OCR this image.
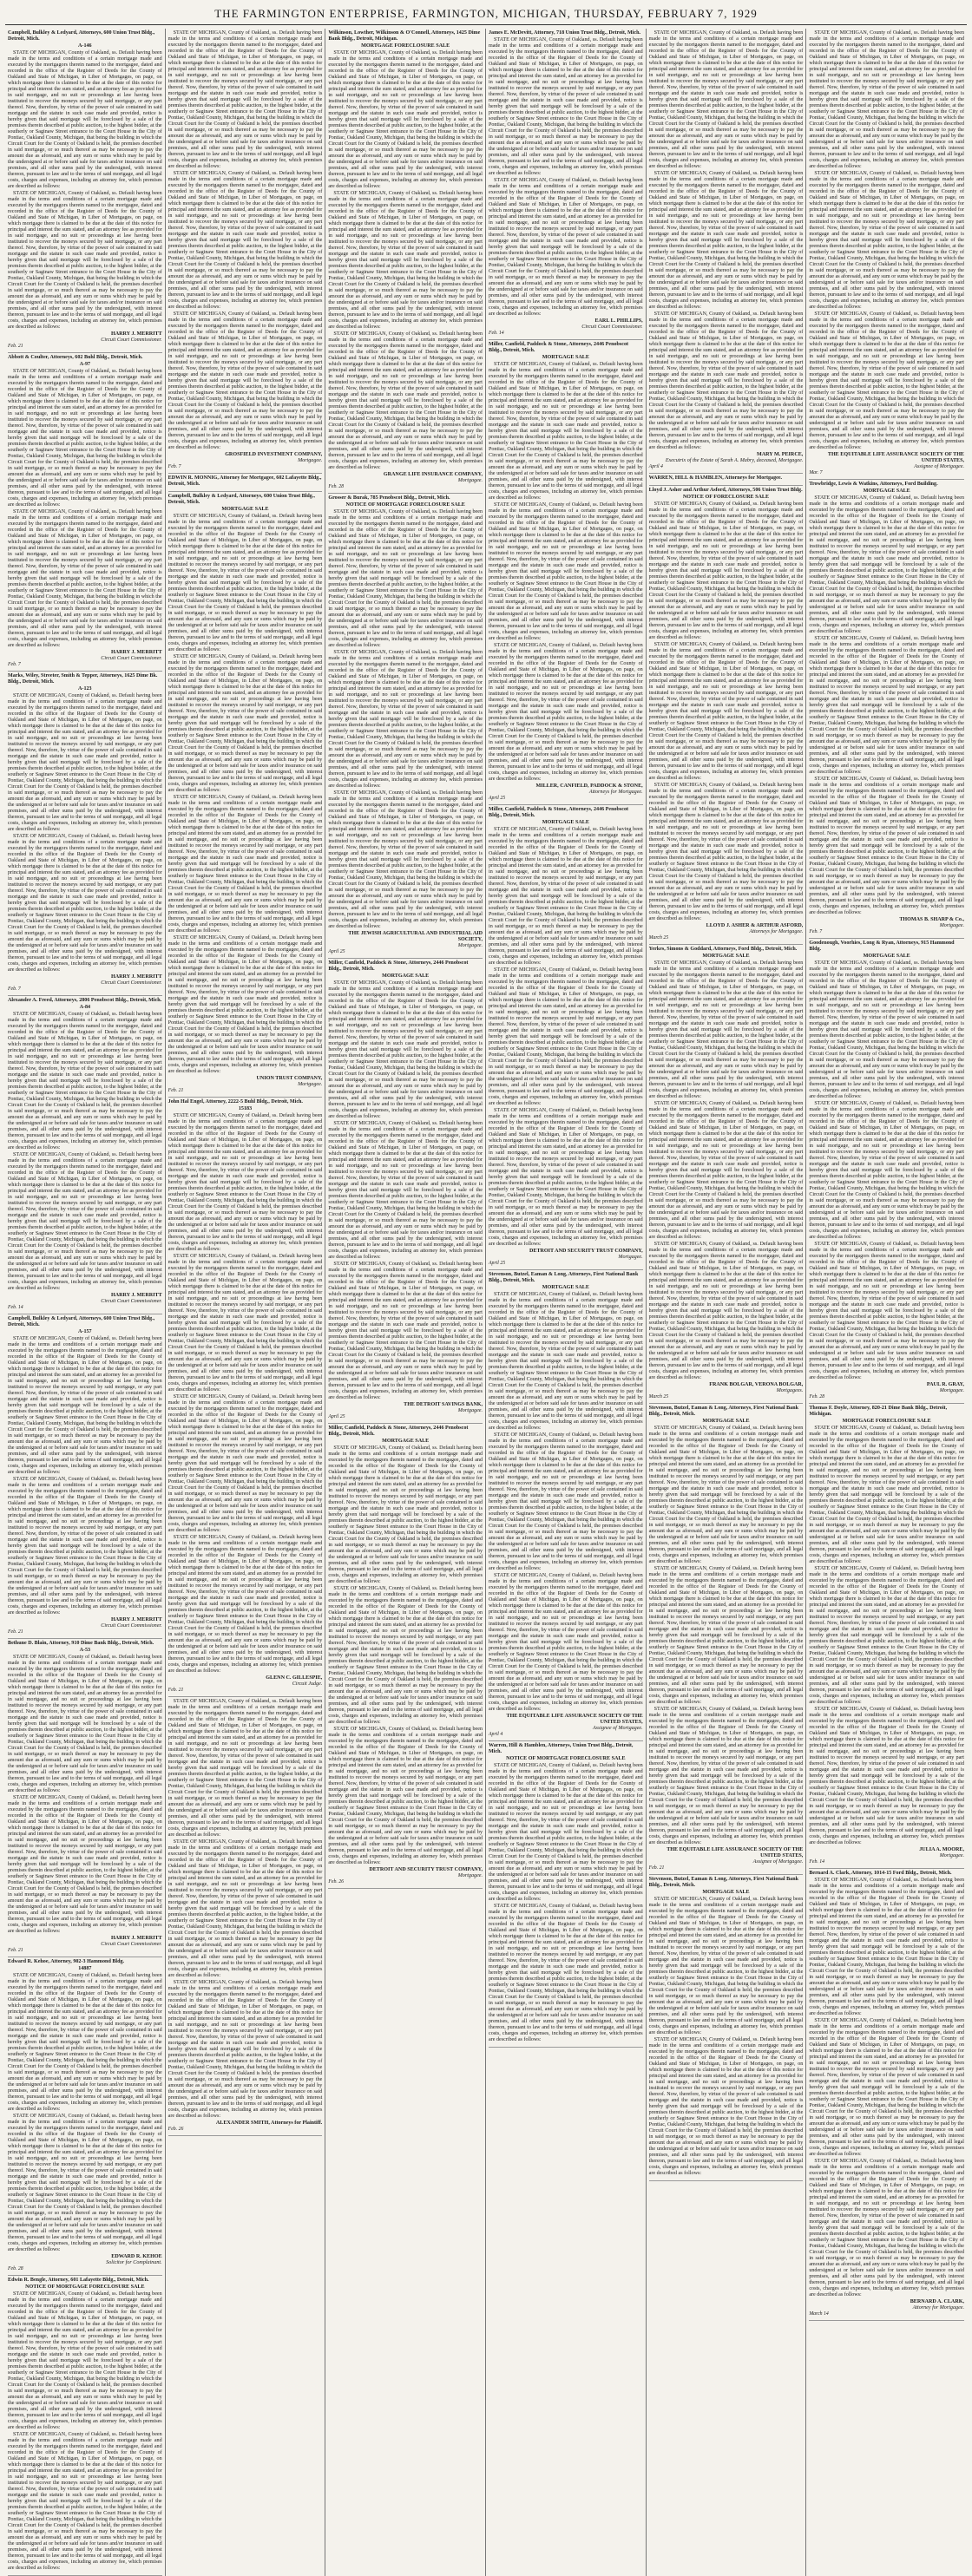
THE FARMINGTON ENTERPRISE, FARMINGTON, MICHIGAN, THURSDAY, FEBRUARY 7, 1929
Campbell, Bulkley & Ledyard, Attorneys, 600 Union Trust Bldg., Detroit, Mich.
A-146

STATE OF MICHIGAN, County of Oakland, ss. Default having been made in the terms and conditions of a certain mortgage made and executed by the mortgagors therein named to the mortgagee, dated and recorded in the office of the Register of Deeds for the County of Oakland and State of Michigan, in Liber of Mortgages, on page, on which mortgage there is claimed to be due at the date of this notice for principal and interest the sum stated, and an attorney fee as provided for in said mortgage, and no suit or proceedings at law having been instituted to recover the moneys secured by said mortgage, or any part thereof. Now, therefore, by virtue of the power of sale contained in said mortgage and the statute in such case made and provided, notice is hereby given that said mortgage will be foreclosed by a sale of the premises therein described at public auction, to the highest bidder, at the southerly or Saginaw Street entrance to the Court House in the City of Pontiac, Oakland County, Michigan, that being the building in which the Circuit Court for the County of Oakland is held, the premises described in said mortgage, or so much thereof as may be necessary to pay the amount due as aforesaid, and any sum or sums which may be paid by the undersigned at or before said sale for taxes and/or insurance on said premises, and all other sums paid by the undersigned, with interest thereon, pursuant to law and to the terms of said mortgage, and all legal costs, charges and expenses, including an attorney fee, which premises are described as follows:

STATE OF MICHIGAN, County of Oakland, ss. Default having been made in the terms and conditions of a certain mortgage made and executed by the mortgagors therein named to the mortgagee, dated and recorded in the office of the Register of Deeds for the County of Oakland and State of Michigan, in Liber of Mortgages, on page, on which mortgage there is claimed to be due at the date of this notice for principal and interest the sum stated, and an attorney fee as provided for in said mortgage, and no suit or proceedings at law having been instituted to recover the moneys secured by said mortgage, or any part thereof. Now, therefore, by virtue of the power of sale contained in said mortgage and the statute in such case made and provided, notice is hereby given that said mortgage will be foreclosed by a sale of the premises therein described at public auction, to the highest bidder, at the southerly or Saginaw Street entrance to the Court House in the City of Pontiac, Oakland County, Michigan, that being the building in which the Circuit Court for the County of Oakland is held, the premises described in said mortgage, or so much thereof as may be necessary to pay the amount due as aforesaid, and any sum or sums which may be paid by the undersigned at or before said sale for taxes and/or insurance on said premises, and all other sums paid by the undersigned, with interest thereon, pursuant to law and to the terms of said mortgage, and all legal costs, charges and expenses, including an attorney fee, which premises are described as follows:

HARRY J. MERRITT
Circuit Court Commissioner.
Feb. 21
Abbott & Coulter, Attorneys, 602 Buhl Bldg., Detroit, Mich.
A-97

STATE OF MICHIGAN, County of Oakland, ss. Default having been made in the terms and conditions of a certain mortgage made and executed by the mortgagors therein named to the mortgagee, dated and recorded in the office of the Register of Deeds for the County of Oakland and State of Michigan, in Liber of Mortgages, on page, on which mortgage there is claimed to be due at the date of this notice for principal and interest the sum stated, and an attorney fee as provided for in said mortgage, and no suit or proceedings at law having been instituted to recover the moneys secured by said mortgage, or any part thereof. Now, therefore, by virtue of the power of sale contained in said mortgage and the statute in such case made and provided, notice is hereby given that said mortgage will be foreclosed by a sale of the premises therein described at public auction, to the highest bidder, at the southerly or Saginaw Street entrance to the Court House in the City of Pontiac, Oakland County, Michigan, that being the building in which the Circuit Court for the County of Oakland is held, the premises described in said mortgage, or so much thereof as may be necessary to pay the amount due as aforesaid, and any sum or sums which may be paid by the undersigned at or before said sale for taxes and/or insurance on said premises, and all other sums paid by the undersigned, with interest thereon, pursuant to law and to the terms of said mortgage, and all legal costs, charges and expenses, including an attorney fee, which premises are described as follows:

STATE OF MICHIGAN, County of Oakland, ss. Default having been made in the terms and conditions of a certain mortgage made and executed by the mortgagors therein named to the mortgagee, dated and recorded in the office of the Register of Deeds for the County of Oakland and State of Michigan, in Liber of Mortgages, on page, on which mortgage there is claimed to be due at the date of this notice for principal and interest the sum stated, and an attorney fee as provided for in said mortgage, and no suit or proceedings at law having been instituted to recover the moneys secured by said mortgage, or any part thereof. Now, therefore, by virtue of the power of sale contained in said mortgage and the statute in such case made and provided, notice is hereby given that said mortgage will be foreclosed by a sale of the premises therein described at public auction, to the highest bidder, at the southerly or Saginaw Street entrance to the Court House in the City of Pontiac, Oakland County, Michigan, that being the building in which the Circuit Court for the County of Oakland is held, the premises described in said mortgage, or so much thereof as may be necessary to pay the amount due as aforesaid, and any sum or sums which may be paid by the undersigned at or before said sale for taxes and/or insurance on said premises, and all other sums paid by the undersigned, with interest thereon, pursuant to law and to the terms of said mortgage, and all legal costs, charges and expenses, including an attorney fee, which premises are described as follows:

HARRY J. MERRITT
Circuit Court Commissioner.
Feb. 7
Marks, Wiley, Streeter, Smith & Tepper, Attorneys, 1625 Dime Bk. Bldg., Detroit, Mich.
A-123

STATE OF MICHIGAN, County of Oakland, ss. Default having been made in the terms and conditions of a certain mortgage made and executed by the mortgagors therein named to the mortgagee, dated and recorded in the office of the Register of Deeds for the County of Oakland and State of Michigan, in Liber of Mortgages, on page, on which mortgage there is claimed to be due at the date of this notice for principal and interest the sum stated, and an attorney fee as provided for in said mortgage, and no suit or proceedings at law having been instituted to recover the moneys secured by said mortgage, or any part thereof. Now, therefore, by virtue of the power of sale contained in said mortgage and the statute in such case made and provided, notice is hereby given that said mortgage will be foreclosed by a sale of the premises therein described at public auction, to the highest bidder, at the southerly or Saginaw Street entrance to the Court House in the City of Pontiac, Oakland County, Michigan, that being the building in which the Circuit Court for the County of Oakland is held, the premises described in said mortgage, or so much thereof as may be necessary to pay the amount due as aforesaid, and any sum or sums which may be paid by the undersigned at or before said sale for taxes and/or insurance on said premises, and all other sums paid by the undersigned, with interest thereon, pursuant to law and to the terms of said mortgage, and all legal costs, charges and expenses, including an attorney fee, which premises are described as follows:

STATE OF MICHIGAN, County of Oakland, ss. Default having been made in the terms and conditions of a certain mortgage made and executed by the mortgagors therein named to the mortgagee, dated and recorded in the office of the Register of Deeds for the County of Oakland and State of Michigan, in Liber of Mortgages, on page, on which mortgage there is claimed to be due at the date of this notice for principal and interest the sum stated, and an attorney fee as provided for in said mortgage, and no suit or proceedings at law having been instituted to recover the moneys secured by said mortgage, or any part thereof. Now, therefore, by virtue of the power of sale contained in said mortgage and the statute in such case made and provided, notice is hereby given that said mortgage will be foreclosed by a sale of the premises therein described at public auction, to the highest bidder, at the southerly or Saginaw Street entrance to the Court House in the City of Pontiac, Oakland County, Michigan, that being the building in which the Circuit Court for the County of Oakland is held, the premises described in said mortgage, or so much thereof as may be necessary to pay the amount due as aforesaid, and any sum or sums which may be paid by the undersigned at or before said sale for taxes and/or insurance on said premises, and all other sums paid by the undersigned, with interest thereon, pursuant to law and to the terms of said mortgage, and all legal costs, charges and expenses, including an attorney fee, which premises are described as follows:

HARRY J. MERRITT
Circuit Court Commissioner.
Feb. 7
Alexander A. Freed, Attorneys, 2806 Penobscot Bldg., Detroit, Mich.
A-84

STATE OF MICHIGAN, County of Oakland, ss. Default having been made in the terms and conditions of a certain mortgage made and executed by the mortgagors therein named to the mortgagee, dated and recorded in the office of the Register of Deeds for the County of Oakland and State of Michigan, in Liber of Mortgages, on page, on which mortgage there is claimed to be due at the date of this notice for principal and interest the sum stated, and an attorney fee as provided for in said mortgage, and no suit or proceedings at law having been instituted to recover the moneys secured by said mortgage, or any part thereof. Now, therefore, by virtue of the power of sale contained in said mortgage and the statute in such case made and provided, notice is hereby given that said mortgage will be foreclosed by a sale of the premises therein described at public auction, to the highest bidder, at the southerly or Saginaw Street entrance to the Court House in the City of Pontiac, Oakland County, Michigan, that being the building in which the Circuit Court for the County of Oakland is held, the premises described in said mortgage, or so much thereof as may be necessary to pay the amount due as aforesaid, and any sum or sums which may be paid by the undersigned at or before said sale for taxes and/or insurance on said premises, and all other sums paid by the undersigned, with interest thereon, pursuant to law and to the terms of said mortgage, and all legal costs, charges and expenses, including an attorney fee, which premises are described as follows:

STATE OF MICHIGAN, County of Oakland, ss. Default having been made in the terms and conditions of a certain mortgage made and executed by the mortgagors therein named to the mortgagee, dated and recorded in the office of the Register of Deeds for the County of Oakland and State of Michigan, in Liber of Mortgages, on page, on which mortgage there is claimed to be due at the date of this notice for principal and interest the sum stated, and an attorney fee as provided for in said mortgage, and no suit or proceedings at law having been instituted to recover the moneys secured by said mortgage, or any part thereof. Now, therefore, by virtue of the power of sale contained in said mortgage and the statute in such case made and provided, notice is hereby given that said mortgage will be foreclosed by a sale of the premises therein described at public auction, to the highest bidder, at the southerly or Saginaw Street entrance to the Court House in the City of Pontiac, Oakland County, Michigan, that being the building in which the Circuit Court for the County of Oakland is held, the premises described in said mortgage, or so much thereof as may be necessary to pay the amount due as aforesaid, and any sum or sums which may be paid by the undersigned at or before said sale for taxes and/or insurance on said premises, and all other sums paid by the undersigned, with interest thereon, pursuant to law and to the terms of said mortgage, and all legal costs, charges and expenses, including an attorney fee, which premises are described as follows:

HARRY J. MERRITT
Circuit Court Commissioner.
Feb. 14
Campbell, Bulkley & Ledyard, Attorneys, 600 Union Trust Bldg., Detroit, Mich.
A-157

STATE OF MICHIGAN, County of Oakland, ss. Default having been made in the terms and conditions of a certain mortgage made and executed by the mortgagors therein named to the mortgagee, dated and recorded in the office of the Register of Deeds for the County of Oakland and State of Michigan, in Liber of Mortgages, on page, on which mortgage there is claimed to be due at the date of this notice for principal and interest the sum stated, and an attorney fee as provided for in said mortgage, and no suit or proceedings at law having been instituted to recover the moneys secured by said mortgage, or any part thereof. Now, therefore, by virtue of the power of sale contained in said mortgage and the statute in such case made and provided, notice is hereby given that said mortgage will be foreclosed by a sale of the premises therein described at public auction, to the highest bidder, at the southerly or Saginaw Street entrance to the Court House in the City of Pontiac, Oakland County, Michigan, that being the building in which the Circuit Court for the County of Oakland is held, the premises described in said mortgage, or so much thereof as may be necessary to pay the amount due as aforesaid, and any sum or sums which may be paid by the undersigned at or before said sale for taxes and/or insurance on said premises, and all other sums paid by the undersigned, with interest thereon, pursuant to law and to the terms of said mortgage, and all legal costs, charges and expenses, including an attorney fee, which premises are described as follows:

STATE OF MICHIGAN, County of Oakland, ss. Default having been made in the terms and conditions of a certain mortgage made and executed by the mortgagors therein named to the mortgagee, dated and recorded in the office of the Register of Deeds for the County of Oakland and State of Michigan, in Liber of Mortgages, on page, on which mortgage there is claimed to be due at the date of this notice for principal and interest the sum stated, and an attorney fee as provided for in said mortgage, and no suit or proceedings at law having been instituted to recover the moneys secured by said mortgage, or any part thereof. Now, therefore, by virtue of the power of sale contained in said mortgage and the statute in such case made and provided, notice is hereby given that said mortgage will be foreclosed by a sale of the premises therein described at public auction, to the highest bidder, at the southerly or Saginaw Street entrance to the Court House in the City of Pontiac, Oakland County, Michigan, that being the building in which the Circuit Court for the County of Oakland is held, the premises described in said mortgage, or so much thereof as may be necessary to pay the amount due as aforesaid, and any sum or sums which may be paid by the undersigned at or before said sale for taxes and/or insurance on said premises, and all other sums paid by the undersigned, with interest thereon, pursuant to law and to the terms of said mortgage, and all legal costs, charges and expenses, including an attorney fee, which premises are described as follows:

HARRY J. MERRITT
Circuit Court Commissioner.
Feb. 21
Bethune D. Blain, Attorney, 910 Dime Bank Bldg., Detroit, Mich.
A-53

STATE OF MICHIGAN, County of Oakland, ss. Default having been made in the terms and conditions of a certain mortgage made and executed by the mortgagors therein named to the mortgagee, dated and recorded in the office of the Register of Deeds for the County of Oakland and State of Michigan, in Liber of Mortgages, on page, on which mortgage there is claimed to be due at the date of this notice for principal and interest the sum stated, and an attorney fee as provided for in said mortgage, and no suit or proceedings at law having been instituted to recover the moneys secured by said mortgage, or any part thereof. Now, therefore, by virtue of the power of sale contained in said mortgage and the statute in such case made and provided, notice is hereby given that said mortgage will be foreclosed by a sale of the premises therein described at public auction, to the highest bidder, at the southerly or Saginaw Street entrance to the Court House in the City of Pontiac, Oakland County, Michigan, that being the building in which the Circuit Court for the County of Oakland is held, the premises described in said mortgage, or so much thereof as may be necessary to pay the amount due as aforesaid, and any sum or sums which may be paid by the undersigned at or before said sale for taxes and/or insurance on said premises, and all other sums paid by the undersigned, with interest thereon, pursuant to law and to the terms of said mortgage, and all legal costs, charges and expenses, including an attorney fee, which premises are described as follows:

STATE OF MICHIGAN, County of Oakland, ss. Default having been made in the terms and conditions of a certain mortgage made and executed by the mortgagors therein named to the mortgagee, dated and recorded in the office of the Register of Deeds for the County of Oakland and State of Michigan, in Liber of Mortgages, on page, on which mortgage there is claimed to be due at the date of this notice for principal and interest the sum stated, and an attorney fee as provided for in said mortgage, and no suit or proceedings at law having been instituted to recover the moneys secured by said mortgage, or any part thereof. Now, therefore, by virtue of the power of sale contained in said mortgage and the statute in such case made and provided, notice is hereby given that said mortgage will be foreclosed by a sale of the premises therein described at public auction, to the highest bidder, at the southerly or Saginaw Street entrance to the Court House in the City of Pontiac, Oakland County, Michigan, that being the building in which the Circuit Court for the County of Oakland is held, the premises described in said mortgage, or so much thereof as may be necessary to pay the amount due as aforesaid, and any sum or sums which may be paid by the undersigned at or before said sale for taxes and/or insurance on said premises, and all other sums paid by the undersigned, with interest thereon, pursuant to law and to the terms of said mortgage, and all legal costs, charges and expenses, including an attorney fee, which premises are described as follows:

HARRY J. MERRITT
Circuit Court Commissioner.
Feb. 21
Edward R. Kehoe, Attorney, 902-3 Hammond Bldg.
14887

STATE OF MICHIGAN, County of Oakland, ss. Default having been made in the terms and conditions of a certain mortgage made and executed by the mortgagors therein named to the mortgagee, dated and recorded in the office of the Register of Deeds for the County of Oakland and State of Michigan, in Liber of Mortgages, on page, on which mortgage there is claimed to be due at the date of this notice for principal and interest the sum stated, and an attorney fee as provided for in said mortgage, and no suit or proceedings at law having been instituted to recover the moneys secured by said mortgage, or any part thereof. Now, therefore, by virtue of the power of sale contained in said mortgage and the statute in such case made and provided, notice is hereby given that said mortgage will be foreclosed by a sale of the premises therein described at public auction, to the highest bidder, at the southerly or Saginaw Street entrance to the Court House in the City of Pontiac, Oakland County, Michigan, that being the building in which the Circuit Court for the County of Oakland is held, the premises described in said mortgage, or so much thereof as may be necessary to pay the amount due as aforesaid, and any sum or sums which may be paid by the undersigned at or before said sale for taxes and/or insurance on said premises, and all other sums paid by the undersigned, with interest thereon, pursuant to law and to the terms of said mortgage, and all legal costs, charges and expenses, including an attorney fee, which premises are described as follows:

STATE OF MICHIGAN, County of Oakland, ss. Default having been made in the terms and conditions of a certain mortgage made and executed by the mortgagors therein named to the mortgagee, dated and recorded in the office of the Register of Deeds for the County of Oakland and State of Michigan, in Liber of Mortgages, on page, on which mortgage there is claimed to be due at the date of this notice for principal and interest the sum stated, and an attorney fee as provided for in said mortgage, and no suit or proceedings at law having been instituted to recover the moneys secured by said mortgage, or any part thereof. Now, therefore, by virtue of the power of sale contained in said mortgage and the statute in such case made and provided, notice is hereby given that said mortgage will be foreclosed by a sale of the premises therein described at public auction, to the highest bidder, at the southerly or Saginaw Street entrance to the Court House in the City of Pontiac, Oakland County, Michigan, that being the building in which the Circuit Court for the County of Oakland is held, the premises described in said mortgage, or so much thereof as may be necessary to pay the amount due as aforesaid, and any sum or sums which may be paid by the undersigned at or before said sale for taxes and/or insurance on said premises, and all other sums paid by the undersigned, with interest thereon, pursuant to law and to the terms of said mortgage, and all legal costs, charges and expenses, including an attorney fee, which premises are described as follows:

EDWARD R. KEHOE
Solicitor for Complainant.
Feb. 28
Edwin R. Bengle, Attorney, 601 Lafayette Bldg., Detroit, Mich.
NOTICE OF MORTGAGE FORECLOSURE SALE

STATE OF MICHIGAN, County of Oakland, ss. Default having been made in the terms and conditions of a certain mortgage made and executed by the mortgagors therein named to the mortgagee, dated and recorded in the office of the Register of Deeds for the County of Oakland and State of Michigan, in Liber of Mortgages, on page, on which mortgage there is claimed to be due at the date of this notice for principal and interest the sum stated, and an attorney fee as provided for in said mortgage, and no suit or proceedings at law having been instituted to recover the moneys secured by said mortgage, or any part thereof. Now, therefore, by virtue of the power of sale contained in said mortgage and the statute in such case made and provided, notice is hereby given that said mortgage will be foreclosed by a sale of the premises therein described at public auction, to the highest bidder, at the southerly or Saginaw Street entrance to the Court House in the City of Pontiac, Oakland County, Michigan, that being the building in which the Circuit Court for the County of Oakland is held, the premises described in said mortgage, or so much thereof as may be necessary to pay the amount due as aforesaid, and any sum or sums which may be paid by the undersigned at or before said sale for taxes and/or insurance on said premises, and all other sums paid by the undersigned, with interest thereon, pursuant to law and to the terms of said mortgage, and all legal costs, charges and expenses, including an attorney fee, which premises are described as follows:

STATE OF MICHIGAN, County of Oakland, ss. Default having been made in the terms and conditions of a certain mortgage made and executed by the mortgagors therein named to the mortgagee, dated and recorded in the office of the Register of Deeds for the County of Oakland and State of Michigan, in Liber of Mortgages, on page, on which mortgage there is claimed to be due at the date of this notice for principal and interest the sum stated, and an attorney fee as provided for in said mortgage, and no suit or proceedings at law having been instituted to recover the moneys secured by said mortgage, or any part thereof. Now, therefore, by virtue of the power of sale contained in said mortgage and the statute in such case made and provided, notice is hereby given that said mortgage will be foreclosed by a sale of the premises therein described at public auction, to the highest bidder, at the southerly or Saginaw Street entrance to the Court House in the City of Pontiac, Oakland County, Michigan, that being the building in which the Circuit Court for the County of Oakland is held, the premises described in said mortgage, or so much thereof as may be necessary to pay the amount due as aforesaid, and any sum or sums which may be paid by the undersigned at or before said sale for taxes and/or insurance on said premises, and all other sums paid by the undersigned, with interest thereon, pursuant to law and to the terms of said mortgage, and all legal costs, charges and expenses, including an attorney fee, which premises are described as follows:

STATE OF MICHIGAN, County of Oakland, ss. Default having been made in the terms and conditions of a certain mortgage made and executed by the mortgagors therein named to the mortgagee, dated and recorded in the office of the Register of Deeds for the County of Oakland and State of Michigan, in Liber of Mortgages, on page, on which mortgage there is claimed to be due at the date of this notice for principal and interest the sum stated, and an attorney fee as provided for in said mortgage, and no suit or proceedings at law having been instituted to recover the moneys secured by said mortgage, or any part thereof. Now, therefore, by virtue of the power of sale contained in said mortgage and the statute in such case made and provided, notice is hereby given that said mortgage will be foreclosed by a sale of the premises therein described at public auction, to the highest bidder, at the southerly or Saginaw Street entrance to the Court House in the City of Pontiac, Oakland County, Michigan, that being the building in which the Circuit Court for the County of Oakland is held, the premises described in said mortgage, or so much thereof as may be necessary to pay the amount due as aforesaid, and any sum or sums which may be paid by the undersigned at or before said sale for taxes and/or insurance on said premises, and all other sums paid by the undersigned, with interest thereon, pursuant to law and to the terms of said mortgage, and all legal costs, charges and expenses, including an attorney fee, which premises are described as follows:

STATE OF MICHIGAN, County of Oakland, ss. Default having been made in the terms and conditions of a certain mortgage made and executed by the mortgagors therein named to the mortgagee, dated and recorded in the office of the Register of Deeds for the County of Oakland and State of Michigan, in Liber of Mortgages, on page, on which mortgage there is claimed to be due at the date of this notice for principal and interest the sum stated, and an attorney fee as provided for in said mortgage, and no suit or proceedings at law having been instituted to recover the moneys secured by said mortgage, or any part thereof. Now, therefore, by virtue of the power of sale contained in said mortgage and the statute in such case made and provided, notice is hereby given that said mortgage will be foreclosed by a sale of the premises therein described at public auction, to the highest bidder, at the southerly or Saginaw Street entrance to the Court House in the City of Pontiac, Oakland County, Michigan, that being the building in which the Circuit Court for the County of Oakland is held, the premises described in said mortgage, or so much thereof as may be necessary to pay the amount due as aforesaid, and any sum or sums which may be paid by the undersigned at or before said sale for taxes and/or insurance on said premises, and all other sums paid by the undersigned, with interest thereon, pursuant to law and to the terms of said mortgage, and all legal costs, charges and expenses, including an attorney fee, which premises are described as follows:

STATE OF MICHIGAN, County of Oakland, ss. Default having been made in the terms and conditions of a certain mortgage made and executed by the mortgagors therein named to the mortgagee, dated and recorded in the office of the Register of Deeds for the County of Oakland and State of Michigan, in Liber of Mortgages, on page, on which mortgage there is claimed to be due at the date of this notice for principal and interest the sum stated, and an attorney fee as provided for in said mortgage, and no suit or proceedings at law having been instituted to recover the moneys secured by said mortgage, or any part thereof. Now, therefore, by virtue of the power of sale contained in said mortgage and the statute in such case made and provided, notice is hereby given that said mortgage will be foreclosed by a sale of the premises therein described at public auction, to the highest bidder, at the southerly or Saginaw Street entrance to the Court House in the City of Pontiac, Oakland County, Michigan, that being the building in which the Circuit Court for the County of Oakland is held, the premises described in said mortgage, or so much thereof as may be necessary to pay the amount due as aforesaid, and any sum or sums which may be paid by the undersigned at or before said sale for taxes and/or insurance on said premises, and all other sums paid by the undersigned, with interest thereon, pursuant to law and to the terms of said mortgage, and all legal costs, charges and expenses, including an attorney fee, which premises are described as follows:

GROSFIELD INVESTMENT COMPANY,
Mortgagee.
Feb. 7
EDWIN R. MONNIG, Attorney for Mortgagee, 602 Lafayette Bldg., Detroit, Mich.
Campbell, Bulkley & Ledyard, Attorneys, 600 Union Trust Bldg., Detroit, Mich.
MORTGAGE SALE

STATE OF MICHIGAN, County of Oakland, ss. Default having been made in the terms and conditions of a certain mortgage made and executed by the mortgagors therein named to the mortgagee, dated and recorded in the office of the Register of Deeds for the County of Oakland and State of Michigan, in Liber of Mortgages, on page, on which mortgage there is claimed to be due at the date of this notice for principal and interest the sum stated, and an attorney fee as provided for in said mortgage, and no suit or proceedings at law having been instituted to recover the moneys secured by said mortgage, or any part thereof. Now, therefore, by virtue of the power of sale contained in said mortgage and the statute in such case made and provided, notice is hereby given that said mortgage will be foreclosed by a sale of the premises therein described at public auction, to the highest bidder, at the southerly or Saginaw Street entrance to the Court House in the City of Pontiac, Oakland County, Michigan, that being the building in which the Circuit Court for the County of Oakland is held, the premises described in said mortgage, or so much thereof as may be necessary to pay the amount due as aforesaid, and any sum or sums which may be paid by the undersigned at or before said sale for taxes and/or insurance on said premises, and all other sums paid by the undersigned, with interest thereon, pursuant to law and to the terms of said mortgage, and all legal costs, charges and expenses, including an attorney fee, which premises are described as follows:

STATE OF MICHIGAN, County of Oakland, ss. Default having been made in the terms and conditions of a certain mortgage made and executed by the mortgagors therein named to the mortgagee, dated and recorded in the office of the Register of Deeds for the County of Oakland and State of Michigan, in Liber of Mortgages, on page, on which mortgage there is claimed to be due at the date of this notice for principal and interest the sum stated, and an attorney fee as provided for in said mortgage, and no suit or proceedings at law having been instituted to recover the moneys secured by said mortgage, or any part thereof. Now, therefore, by virtue of the power of sale contained in said mortgage and the statute in such case made and provided, notice is hereby given that said mortgage will be foreclosed by a sale of the premises therein described at public auction, to the highest bidder, at the southerly or Saginaw Street entrance to the Court House in the City of Pontiac, Oakland County, Michigan, that being the building in which the Circuit Court for the County of Oakland is held, the premises described in said mortgage, or so much thereof as may be necessary to pay the amount due as aforesaid, and any sum or sums which may be paid by the undersigned at or before said sale for taxes and/or insurance on said premises, and all other sums paid by the undersigned, with interest thereon, pursuant to law and to the terms of said mortgage, and all legal costs, charges and expenses, including an attorney fee, which premises are described as follows:

STATE OF MICHIGAN, County of Oakland, ss. Default having been made in the terms and conditions of a certain mortgage made and executed by the mortgagors therein named to the mortgagee, dated and recorded in the office of the Register of Deeds for the County of Oakland and State of Michigan, in Liber of Mortgages, on page, on which mortgage there is claimed to be due at the date of this notice for principal and interest the sum stated, and an attorney fee as provided for in said mortgage, and no suit or proceedings at law having been instituted to recover the moneys secured by said mortgage, or any part thereof. Now, therefore, by virtue of the power of sale contained in said mortgage and the statute in such case made and provided, notice is hereby given that said mortgage will be foreclosed by a sale of the premises therein described at public auction, to the highest bidder, at the southerly or Saginaw Street entrance to the Court House in the City of Pontiac, Oakland County, Michigan, that being the building in which the Circuit Court for the County of Oakland is held, the premises described in said mortgage, or so much thereof as may be necessary to pay the amount due as aforesaid, and any sum or sums which may be paid by the undersigned at or before said sale for taxes and/or insurance on said premises, and all other sums paid by the undersigned, with interest thereon, pursuant to law and to the terms of said mortgage, and all legal costs, charges and expenses, including an attorney fee, which premises are described as follows:

STATE OF MICHIGAN, County of Oakland, ss. Default having been made in the terms and conditions of a certain mortgage made and executed by the mortgagors therein named to the mortgagee, dated and recorded in the office of the Register of Deeds for the County of Oakland and State of Michigan, in Liber of Mortgages, on page, on which mortgage there is claimed to be due at the date of this notice for principal and interest the sum stated, and an attorney fee as provided for in said mortgage, and no suit or proceedings at law having been instituted to recover the moneys secured by said mortgage, or any part thereof. Now, therefore, by virtue of the power of sale contained in said mortgage and the statute in such case made and provided, notice is hereby given that said mortgage will be foreclosed by a sale of the premises therein described at public auction, to the highest bidder, at the southerly or Saginaw Street entrance to the Court House in the City of Pontiac, Oakland County, Michigan, that being the building in which the Circuit Court for the County of Oakland is held, the premises described in said mortgage, or so much thereof as may be necessary to pay the amount due as aforesaid, and any sum or sums which may be paid by the undersigned at or before said sale for taxes and/or insurance on said premises, and all other sums paid by the undersigned, with interest thereon, pursuant to law and to the terms of said mortgage, and all legal costs, charges and expenses, including an attorney fee, which premises are described as follows:

UNION TRUST COMPANY,
Mortgagee.
Feb. 21
John Hal Engel, Attorney, 2222-5 Buhl Bldg., Detroit, Mich.
15183

STATE OF MICHIGAN, County of Oakland, ss. Default having been made in the terms and conditions of a certain mortgage made and executed by the mortgagors therein named to the mortgagee, dated and recorded in the office of the Register of Deeds for the County of Oakland and State of Michigan, in Liber of Mortgages, on page, on which mortgage there is claimed to be due at the date of this notice for principal and interest the sum stated, and an attorney fee as provided for in said mortgage, and no suit or proceedings at law having been instituted to recover the moneys secured by said mortgage, or any part thereof. Now, therefore, by virtue of the power of sale contained in said mortgage and the statute in such case made and provided, notice is hereby given that said mortgage will be foreclosed by a sale of the premises therein described at public auction, to the highest bidder, at the southerly or Saginaw Street entrance to the Court House in the City of Pontiac, Oakland County, Michigan, that being the building in which the Circuit Court for the County of Oakland is held, the premises described in said mortgage, or so much thereof as may be necessary to pay the amount due as aforesaid, and any sum or sums which may be paid by the undersigned at or before said sale for taxes and/or insurance on said premises, and all other sums paid by the undersigned, with interest thereon, pursuant to law and to the terms of said mortgage, and all legal costs, charges and expenses, including an attorney fee, which premises are described as follows:

STATE OF MICHIGAN, County of Oakland, ss. Default having been made in the terms and conditions of a certain mortgage made and executed by the mortgagors therein named to the mortgagee, dated and recorded in the office of the Register of Deeds for the County of Oakland and State of Michigan, in Liber of Mortgages, on page, on which mortgage there is claimed to be due at the date of this notice for principal and interest the sum stated, and an attorney fee as provided for in said mortgage, and no suit or proceedings at law having been instituted to recover the moneys secured by said mortgage, or any part thereof. Now, therefore, by virtue of the power of sale contained in said mortgage and the statute in such case made and provided, notice is hereby given that said mortgage will be foreclosed by a sale of the premises therein described at public auction, to the highest bidder, at the southerly or Saginaw Street entrance to the Court House in the City of Pontiac, Oakland County, Michigan, that being the building in which the Circuit Court for the County of Oakland is held, the premises described in said mortgage, or so much thereof as may be necessary to pay the amount due as aforesaid, and any sum or sums which may be paid by the undersigned at or before said sale for taxes and/or insurance on said premises, and all other sums paid by the undersigned, with interest thereon, pursuant to law and to the terms of said mortgage, and all legal costs, charges and expenses, including an attorney fee, which premises are described as follows:

STATE OF MICHIGAN, County of Oakland, ss. Default having been made in the terms and conditions of a certain mortgage made and executed by the mortgagors therein named to the mortgagee, dated and recorded in the office of the Register of Deeds for the County of Oakland and State of Michigan, in Liber of Mortgages, on page, on which mortgage there is claimed to be due at the date of this notice for principal and interest the sum stated, and an attorney fee as provided for in said mortgage, and no suit or proceedings at law having been instituted to recover the moneys secured by said mortgage, or any part thereof. Now, therefore, by virtue of the power of sale contained in said mortgage and the statute in such case made and provided, notice is hereby given that said mortgage will be foreclosed by a sale of the premises therein described at public auction, to the highest bidder, at the southerly or Saginaw Street entrance to the Court House in the City of Pontiac, Oakland County, Michigan, that being the building in which the Circuit Court for the County of Oakland is held, the premises described in said mortgage, or so much thereof as may be necessary to pay the amount due as aforesaid, and any sum or sums which may be paid by the undersigned at or before said sale for taxes and/or insurance on said premises, and all other sums paid by the undersigned, with interest thereon, pursuant to law and to the terms of said mortgage, and all legal costs, charges and expenses, including an attorney fee, which premises are described as follows:

STATE OF MICHIGAN, County of Oakland, ss. Default having been made in the terms and conditions of a certain mortgage made and executed by the mortgagors therein named to the mortgagee, dated and recorded in the office of the Register of Deeds for the County of Oakland and State of Michigan, in Liber of Mortgages, on page, on which mortgage there is claimed to be due at the date of this notice for principal and interest the sum stated, and an attorney fee as provided for in said mortgage, and no suit or proceedings at law having been instituted to recover the moneys secured by said mortgage, or any part thereof. Now, therefore, by virtue of the power of sale contained in said mortgage and the statute in such case made and provided, notice is hereby given that said mortgage will be foreclosed by a sale of the premises therein described at public auction, to the highest bidder, at the southerly or Saginaw Street entrance to the Court House in the City of Pontiac, Oakland County, Michigan, that being the building in which the Circuit Court for the County of Oakland is held, the premises described in said mortgage, or so much thereof as may be necessary to pay the amount due as aforesaid, and any sum or sums which may be paid by the undersigned at or before said sale for taxes and/or insurance on said premises, and all other sums paid by the undersigned, with interest thereon, pursuant to law and to the terms of said mortgage, and all legal costs, charges and expenses, including an attorney fee, which premises are described as follows:

GLENN C. GILLESPIE,
Circuit Judge.
Feb. 21

STATE OF MICHIGAN, County of Oakland, ss. Default having been made in the terms and conditions of a certain mortgage made and executed by the mortgagors therein named to the mortgagee, dated and recorded in the office of the Register of Deeds for the County of Oakland and State of Michigan, in Liber of Mortgages, on page, on which mortgage there is claimed to be due at the date of this notice for principal and interest the sum stated, and an attorney fee as provided for in said mortgage, and no suit or proceedings at law having been instituted to recover the moneys secured by said mortgage, or any part thereof. Now, therefore, by virtue of the power of sale contained in said mortgage and the statute in such case made and provided, notice is hereby given that said mortgage will be foreclosed by a sale of the premises therein described at public auction, to the highest bidder, at the southerly or Saginaw Street entrance to the Court House in the City of Pontiac, Oakland County, Michigan, that being the building in which the Circuit Court for the County of Oakland is held, the premises described in said mortgage, or so much thereof as may be necessary to pay the amount due as aforesaid, and any sum or sums which may be paid by the undersigned at or before said sale for taxes and/or insurance on said premises, and all other sums paid by the undersigned, with interest thereon, pursuant to law and to the terms of said mortgage, and all legal costs, charges and expenses, including an attorney fee, which premises are described as follows:

STATE OF MICHIGAN, County of Oakland, ss. Default having been made in the terms and conditions of a certain mortgage made and executed by the mortgagors therein named to the mortgagee, dated and recorded in the office of the Register of Deeds for the County of Oakland and State of Michigan, in Liber of Mortgages, on page, on which mortgage there is claimed to be due at the date of this notice for principal and interest the sum stated, and an attorney fee as provided for in said mortgage, and no suit or proceedings at law having been instituted to recover the moneys secured by said mortgage, or any part thereof. Now, therefore, by virtue of the power of sale contained in said mortgage and the statute in such case made and provided, notice is hereby given that said mortgage will be foreclosed by a sale of the premises therein described at public auction, to the highest bidder, at the southerly or Saginaw Street entrance to the Court House in the City of Pontiac, Oakland County, Michigan, that being the building in which the Circuit Court for the County of Oakland is held, the premises described in said mortgage, or so much thereof as may be necessary to pay the amount due as aforesaid, and any sum or sums which may be paid by the undersigned at or before said sale for taxes and/or insurance on said premises, and all other sums paid by the undersigned, with interest thereon, pursuant to law and to the terms of said mortgage, and all legal costs, charges and expenses, including an attorney fee, which premises are described as follows:

STATE OF MICHIGAN, County of Oakland, ss. Default having been made in the terms and conditions of a certain mortgage made and executed by the mortgagors therein named to the mortgagee, dated and recorded in the office of the Register of Deeds for the County of Oakland and State of Michigan, in Liber of Mortgages, on page, on which mortgage there is claimed to be due at the date of this notice for principal and interest the sum stated, and an attorney fee as provided for in said mortgage, and no suit or proceedings at law having been instituted to recover the moneys secured by said mortgage, or any part thereof. Now, therefore, by virtue of the power of sale contained in said mortgage and the statute in such case made and provided, notice is hereby given that said mortgage will be foreclosed by a sale of the premises therein described at public auction, to the highest bidder, at the southerly or Saginaw Street entrance to the Court House in the City of Pontiac, Oakland County, Michigan, that being the building in which the Circuit Court for the County of Oakland is held, the premises described in said mortgage, or so much thereof as may be necessary to pay the amount due as aforesaid, and any sum or sums which may be paid by the undersigned at or before said sale for taxes and/or insurance on said premises, and all other sums paid by the undersigned, with interest thereon, pursuant to law and to the terms of said mortgage, and all legal costs, charges and expenses, including an attorney fee, which premises are described as follows:

ALEXANDER SMITH, Attorneys for Plaintiff.
Feb. 26
Wilkinson, Lowther, Wilkinson & O'Connell, Attorneys, 1425 Dime Bank Bldg., Detroit, Michigan.
MORTGAGE FORECLOSURE SALE

STATE OF MICHIGAN, County of Oakland, ss. Default having been made in the terms and conditions of a certain mortgage made and executed by the mortgagors therein named to the mortgagee, dated and recorded in the office of the Register of Deeds for the County of Oakland and State of Michigan, in Liber of Mortgages, on page, on which mortgage there is claimed to be due at the date of this notice for principal and interest the sum stated, and an attorney fee as provided for in said mortgage, and no suit or proceedings at law having been instituted to recover the moneys secured by said mortgage, or any part thereof. Now, therefore, by virtue of the power of sale contained in said mortgage and the statute in such case made and provided, notice is hereby given that said mortgage will be foreclosed by a sale of the premises therein described at public auction, to the highest bidder, at the southerly or Saginaw Street entrance to the Court House in the City of Pontiac, Oakland County, Michigan, that being the building in which the Circuit Court for the County of Oakland is held, the premises described in said mortgage, or so much thereof as may be necessary to pay the amount due as aforesaid, and any sum or sums which may be paid by the undersigned at or before said sale for taxes and/or insurance on said premises, and all other sums paid by the undersigned, with interest thereon, pursuant to law and to the terms of said mortgage, and all legal costs, charges and expenses, including an attorney fee, which premises are described as follows:

STATE OF MICHIGAN, County of Oakland, ss. Default having been made in the terms and conditions of a certain mortgage made and executed by the mortgagors therein named to the mortgagee, dated and recorded in the office of the Register of Deeds for the County of Oakland and State of Michigan, in Liber of Mortgages, on page, on which mortgage there is claimed to be due at the date of this notice for principal and interest the sum stated, and an attorney fee as provided for in said mortgage, and no suit or proceedings at law having been instituted to recover the moneys secured by said mortgage, or any part thereof. Now, therefore, by virtue of the power of sale contained in said mortgage and the statute in such case made and provided, notice is hereby given that said mortgage will be foreclosed by a sale of the premises therein described at public auction, to the highest bidder, at the southerly or Saginaw Street entrance to the Court House in the City of Pontiac, Oakland County, Michigan, that being the building in which the Circuit Court for the County of Oakland is held, the premises described in said mortgage, or so much thereof as may be necessary to pay the amount due as aforesaid, and any sum or sums which may be paid by the undersigned at or before said sale for taxes and/or insurance on said premises, and all other sums paid by the undersigned, with interest thereon, pursuant to law and to the terms of said mortgage, and all legal costs, charges and expenses, including an attorney fee, which premises are described as follows:

STATE OF MICHIGAN, County of Oakland, ss. Default having been made in the terms and conditions of a certain mortgage made and executed by the mortgagors therein named to the mortgagee, dated and recorded in the office of the Register of Deeds for the County of Oakland and State of Michigan, in Liber of Mortgages, on page, on which mortgage there is claimed to be due at the date of this notice for principal and interest the sum stated, and an attorney fee as provided for in said mortgage, and no suit or proceedings at law having been instituted to recover the moneys secured by said mortgage, or any part thereof. Now, therefore, by virtue of the power of sale contained in said mortgage and the statute in such case made and provided, notice is hereby given that said mortgage will be foreclosed by a sale of the premises therein described at public auction, to the highest bidder, at the southerly or Saginaw Street entrance to the Court House in the City of Pontiac, Oakland County, Michigan, that being the building in which the Circuit Court for the County of Oakland is held, the premises described in said mortgage, or so much thereof as may be necessary to pay the amount due as aforesaid, and any sum or sums which may be paid by the undersigned at or before said sale for taxes and/or insurance on said premises, and all other sums paid by the undersigned, with interest thereon, pursuant to law and to the terms of said mortgage, and all legal costs, charges and expenses, including an attorney fee, which premises are described as follows:

GRANGE LIFE INSURANCE COMPANY,
Mortgagee.
Feb. 28
Grosser & Burak, 785 Penobscot Bldg., Detroit, Mich.
NOTICE OF MORTGAGE FORECLOSURE SALE

STATE OF MICHIGAN, County of Oakland, ss. Default having been made in the terms and conditions of a certain mortgage made and executed by the mortgagors therein named to the mortgagee, dated and recorded in the office of the Register of Deeds for the County of Oakland and State of Michigan, in Liber of Mortgages, on page, on which mortgage there is claimed to be due at the date of this notice for principal and interest the sum stated, and an attorney fee as provided for in said mortgage, and no suit or proceedings at law having been instituted to recover the moneys secured by said mortgage, or any part thereof. Now, therefore, by virtue of the power of sale contained in said mortgage and the statute in such case made and provided, notice is hereby given that said mortgage will be foreclosed by a sale of the premises therein described at public auction, to the highest bidder, at the southerly or Saginaw Street entrance to the Court House in the City of Pontiac, Oakland County, Michigan, that being the building in which the Circuit Court for the County of Oakland is held, the premises described in said mortgage, or so much thereof as may be necessary to pay the amount due as aforesaid, and any sum or sums which may be paid by the undersigned at or before said sale for taxes and/or insurance on said premises, and all other sums paid by the undersigned, with interest thereon, pursuant to law and to the terms of said mortgage, and all legal costs, charges and expenses, including an attorney fee, which premises are described as follows:

STATE OF MICHIGAN, County of Oakland, ss. Default having been made in the terms and conditions of a certain mortgage made and executed by the mortgagors therein named to the mortgagee, dated and recorded in the office of the Register of Deeds for the County of Oakland and State of Michigan, in Liber of Mortgages, on page, on which mortgage there is claimed to be due at the date of this notice for principal and interest the sum stated, and an attorney fee as provided for in said mortgage, and no suit or proceedings at law having been instituted to recover the moneys secured by said mortgage, or any part thereof. Now, therefore, by virtue of the power of sale contained in said mortgage and the statute in such case made and provided, notice is hereby given that said mortgage will be foreclosed by a sale of the premises therein described at public auction, to the highest bidder, at the southerly or Saginaw Street entrance to the Court House in the City of Pontiac, Oakland County, Michigan, that being the building in which the Circuit Court for the County of Oakland is held, the premises described in said mortgage, or so much thereof as may be necessary to pay the amount due as aforesaid, and any sum or sums which may be paid by the undersigned at or before said sale for taxes and/or insurance on said premises, and all other sums paid by the undersigned, with interest thereon, pursuant to law and to the terms of said mortgage, and all legal costs, charges and expenses, including an attorney fee, which premises are described as follows:

STATE OF MICHIGAN, County of Oakland, ss. Default having been made in the terms and conditions of a certain mortgage made and executed by the mortgagors therein named to the mortgagee, dated and recorded in the office of the Register of Deeds for the County of Oakland and State of Michigan, in Liber of Mortgages, on page, on which mortgage there is claimed to be due at the date of this notice for principal and interest the sum stated, and an attorney fee as provided for in said mortgage, and no suit or proceedings at law having been instituted to recover the moneys secured by said mortgage, or any part thereof. Now, therefore, by virtue of the power of sale contained in said mortgage and the statute in such case made and provided, notice is hereby given that said mortgage will be foreclosed by a sale of the premises therein described at public auction, to the highest bidder, at the southerly or Saginaw Street entrance to the Court House in the City of Pontiac, Oakland County, Michigan, that being the building in which the Circuit Court for the County of Oakland is held, the premises described in said mortgage, or so much thereof as may be necessary to pay the amount due as aforesaid, and any sum or sums which may be paid by the undersigned at or before said sale for taxes and/or insurance on said premises, and all other sums paid by the undersigned, with interest thereon, pursuant to law and to the terms of said mortgage, and all legal costs, charges and expenses, including an attorney fee, which premises are described as follows:

THE JEWISH AGRICULTURAL AND INDUSTRIAL AID SOCIETY,
Mortgagee.
April 25
Miller, Canfield, Paddock & Stone, Attorneys, 2446 Penobscot Bldg., Detroit, Mich.
MORTGAGE SALE

STATE OF MICHIGAN, County of Oakland, ss. Default having been made in the terms and conditions of a certain mortgage made and executed by the mortgagors therein named to the mortgagee, dated and recorded in the office of the Register of Deeds for the County of Oakland and State of Michigan, in Liber of Mortgages, on page, on which mortgage there is claimed to be due at the date of this notice for principal and interest the sum stated, and an attorney fee as provided for in said mortgage, and no suit or proceedings at law having been instituted to recover the moneys secured by said mortgage, or any part thereof. Now, therefore, by virtue of the power of sale contained in said mortgage and the statute in such case made and provided, notice is hereby given that said mortgage will be foreclosed by a sale of the premises therein described at public auction, to the highest bidder, at the southerly or Saginaw Street entrance to the Court House in the City of Pontiac, Oakland County, Michigan, that being the building in which the Circuit Court for the County of Oakland is held, the premises described in said mortgage, or so much thereof as may be necessary to pay the amount due as aforesaid, and any sum or sums which may be paid by the undersigned at or before said sale for taxes and/or insurance on said premises, and all other sums paid by the undersigned, with interest thereon, pursuant to law and to the terms of said mortgage, and all legal costs, charges and expenses, including an attorney fee, which premises are described as follows:

STATE OF MICHIGAN, County of Oakland, ss. Default having been made in the terms and conditions of a certain mortgage made and executed by the mortgagors therein named to the mortgagee, dated and recorded in the office of the Register of Deeds for the County of Oakland and State of Michigan, in Liber of Mortgages, on page, on which mortgage there is claimed to be due at the date of this notice for principal and interest the sum stated, and an attorney fee as provided for in said mortgage, and no suit or proceedings at law having been instituted to recover the moneys secured by said mortgage, or any part thereof. Now, therefore, by virtue of the power of sale contained in said mortgage and the statute in such case made and provided, notice is hereby given that said mortgage will be foreclosed by a sale of the premises therein described at public auction, to the highest bidder, at the southerly or Saginaw Street entrance to the Court House in the City of Pontiac, Oakland County, Michigan, that being the building in which the Circuit Court for the County of Oakland is held, the premises described in said mortgage, or so much thereof as may be necessary to pay the amount due as aforesaid, and any sum or sums which may be paid by the undersigned at or before said sale for taxes and/or insurance on said premises, and all other sums paid by the undersigned, with interest thereon, pursuant to law and to the terms of said mortgage, and all legal costs, charges and expenses, including an attorney fee, which premises are described as follows:

STATE OF MICHIGAN, County of Oakland, ss. Default having been made in the terms and conditions of a certain mortgage made and executed by the mortgagors therein named to the mortgagee, dated and recorded in the office of the Register of Deeds for the County of Oakland and State of Michigan, in Liber of Mortgages, on page, on which mortgage there is claimed to be due at the date of this notice for principal and interest the sum stated, and an attorney fee as provided for in said mortgage, and no suit or proceedings at law having been instituted to recover the moneys secured by said mortgage, or any part thereof. Now, therefore, by virtue of the power of sale contained in said mortgage and the statute in such case made and provided, notice is hereby given that said mortgage will be foreclosed by a sale of the premises therein described at public auction, to the highest bidder, at the southerly or Saginaw Street entrance to the Court House in the City of Pontiac, Oakland County, Michigan, that being the building in which the Circuit Court for the County of Oakland is held, the premises described in said mortgage, or so much thereof as may be necessary to pay the amount due as aforesaid, and any sum or sums which may be paid by the undersigned at or before said sale for taxes and/or insurance on said premises, and all other sums paid by the undersigned, with interest thereon, pursuant to law and to the terms of said mortgage, and all legal costs, charges and expenses, including an attorney fee, which premises are described as follows:

THE DETROIT SAVINGS BANK,
Mortgagee.
April 25
Miller, Canfield, Paddock & Stone, Attorneys, 2446 Penobscot Bldg., Detroit, Mich.
MORTGAGE SALE

STATE OF MICHIGAN, County of Oakland, ss. Default having been made in the terms and conditions of a certain mortgage made and executed by the mortgagors therein named to the mortgagee, dated and recorded in the office of the Register of Deeds for the County of Oakland and State of Michigan, in Liber of Mortgages, on page, on which mortgage there is claimed to be due at the date of this notice for principal and interest the sum stated, and an attorney fee as provided for in said mortgage, and no suit or proceedings at law having been instituted to recover the moneys secured by said mortgage, or any part thereof. Now, therefore, by virtue of the power of sale contained in said mortgage and the statute in such case made and provided, notice is hereby given that said mortgage will be foreclosed by a sale of the premises therein described at public auction, to the highest bidder, at the southerly or Saginaw Street entrance to the Court House in the City of Pontiac, Oakland County, Michigan, that being the building in which the Circuit Court for the County of Oakland is held, the premises described in said mortgage, or so much thereof as may be necessary to pay the amount due as aforesaid, and any sum or sums which may be paid by the undersigned at or before said sale for taxes and/or insurance on said premises, and all other sums paid by the undersigned, with interest thereon, pursuant to law and to the terms of said mortgage, and all legal costs, charges and expenses, including an attorney fee, which premises are described as follows:

STATE OF MICHIGAN, County of Oakland, ss. Default having been made in the terms and conditions of a certain mortgage made and executed by the mortgagors therein named to the mortgagee, dated and recorded in the office of the Register of Deeds for the County of Oakland and State of Michigan, in Liber of Mortgages, on page, on which mortgage there is claimed to be due at the date of this notice for principal and interest the sum stated, and an attorney fee as provided for in said mortgage, and no suit or proceedings at law having been instituted to recover the moneys secured by said mortgage, or any part thereof. Now, therefore, by virtue of the power of sale contained in said mortgage and the statute in such case made and provided, notice is hereby given that said mortgage will be foreclosed by a sale of the premises therein described at public auction, to the highest bidder, at the southerly or Saginaw Street entrance to the Court House in the City of Pontiac, Oakland County, Michigan, that being the building in which the Circuit Court for the County of Oakland is held, the premises described in said mortgage, or so much thereof as may be necessary to pay the amount due as aforesaid, and any sum or sums which may be paid by the undersigned at or before said sale for taxes and/or insurance on said premises, and all other sums paid by the undersigned, with interest thereon, pursuant to law and to the terms of said mortgage, and all legal costs, charges and expenses, including an attorney fee, which premises are described as follows:

STATE OF MICHIGAN, County of Oakland, ss. Default having been made in the terms and conditions of a certain mortgage made and executed by the mortgagors therein named to the mortgagee, dated and recorded in the office of the Register of Deeds for the County of Oakland and State of Michigan, in Liber of Mortgages, on page, on which mortgage there is claimed to be due at the date of this notice for principal and interest the sum stated, and an attorney fee as provided for in said mortgage, and no suit or proceedings at law having been instituted to recover the moneys secured by said mortgage, or any part thereof. Now, therefore, by virtue of the power of sale contained in said mortgage and the statute in such case made and provided, notice is hereby given that said mortgage will be foreclosed by a sale of the premises therein described at public auction, to the highest bidder, at the southerly or Saginaw Street entrance to the Court House in the City of Pontiac, Oakland County, Michigan, that being the building in which the Circuit Court for the County of Oakland is held, the premises described in said mortgage, or so much thereof as may be necessary to pay the amount due as aforesaid, and any sum or sums which may be paid by the undersigned at or before said sale for taxes and/or insurance on said premises, and all other sums paid by the undersigned, with interest thereon, pursuant to law and to the terms of said mortgage, and all legal costs, charges and expenses, including an attorney fee, which premises are described as follows:

DETROIT AND SECURITY TRUST COMPANY,
Mortgagee.
Feb. 26
James E. McDevitt, Attorney, 718 Union Trust Bldg., Detroit, Mich.

STATE OF MICHIGAN, County of Oakland, ss. Default having been made in the terms and conditions of a certain mortgage made and executed by the mortgagors therein named to the mortgagee, dated and recorded in the office of the Register of Deeds for the County of Oakland and State of Michigan, in Liber of Mortgages, on page, on which mortgage there is claimed to be due at the date of this notice for principal and interest the sum stated, and an attorney fee as provided for in said mortgage, and no suit or proceedings at law having been instituted to recover the moneys secured by said mortgage, or any part thereof. Now, therefore, by virtue of the power of sale contained in said mortgage and the statute in such case made and provided, notice is hereby given that said mortgage will be foreclosed by a sale of the premises therein described at public auction, to the highest bidder, at the southerly or Saginaw Street entrance to the Court House in the City of Pontiac, Oakland County, Michigan, that being the building in which the Circuit Court for the County of Oakland is held, the premises described in said mortgage, or so much thereof as may be necessary to pay the amount due as aforesaid, and any sum or sums which may be paid by the undersigned at or before said sale for taxes and/or insurance on said premises, and all other sums paid by the undersigned, with interest thereon, pursuant to law and to the terms of said mortgage, and all legal costs, charges and expenses, including an attorney fee, which premises are described as follows:

STATE OF MICHIGAN, County of Oakland, ss. Default having been made in the terms and conditions of a certain mortgage made and executed by the mortgagors therein named to the mortgagee, dated and recorded in the office of the Register of Deeds for the County of Oakland and State of Michigan, in Liber of Mortgages, on page, on which mortgage there is claimed to be due at the date of this notice for principal and interest the sum stated, and an attorney fee as provided for in said mortgage, and no suit or proceedings at law having been instituted to recover the moneys secured by said mortgage, or any part thereof. Now, therefore, by virtue of the power of sale contained in said mortgage and the statute in such case made and provided, notice is hereby given that said mortgage will be foreclosed by a sale of the premises therein described at public auction, to the highest bidder, at the southerly or Saginaw Street entrance to the Court House in the City of Pontiac, Oakland County, Michigan, that being the building in which the Circuit Court for the County of Oakland is held, the premises described in said mortgage, or so much thereof as may be necessary to pay the amount due as aforesaid, and any sum or sums which may be paid by the undersigned at or before said sale for taxes and/or insurance on said premises, and all other sums paid by the undersigned, with interest thereon, pursuant to law and to the terms of said mortgage, and all legal costs, charges and expenses, including an attorney fee, which premises are described as follows:

EARL L. PHILLIPS,
Circuit Court Commissioner.
Feb. 14
Miller, Canfield, Paddock & Stone, Attorneys, 2446 Penobscot Bldg., Detroit, Mich.
MORTGAGE SALE

STATE OF MICHIGAN, County of Oakland, ss. Default having been made in the terms and conditions of a certain mortgage made and executed by the mortgagors therein named to the mortgagee, dated and recorded in the office of the Register of Deeds for the County of Oakland and State of Michigan, in Liber of Mortgages, on page, on which mortgage there is claimed to be due at the date of this notice for principal and interest the sum stated, and an attorney fee as provided for in said mortgage, and no suit or proceedings at law having been instituted to recover the moneys secured by said mortgage, or any part thereof. Now, therefore, by virtue of the power of sale contained in said mortgage and the statute in such case made and provided, notice is hereby given that said mortgage will be foreclosed by a sale of the premises therein described at public auction, to the highest bidder, at the southerly or Saginaw Street entrance to the Court House in the City of Pontiac, Oakland County, Michigan, that being the building in which the Circuit Court for the County of Oakland is held, the premises described in said mortgage, or so much thereof as may be necessary to pay the amount due as aforesaid, and any sum or sums which may be paid by the undersigned at or before said sale for taxes and/or insurance on said premises, and all other sums paid by the undersigned, with interest thereon, pursuant to law and to the terms of said mortgage, and all legal costs, charges and expenses, including an attorney fee, which premises are described as follows:

STATE OF MICHIGAN, County of Oakland, ss. Default having been made in the terms and conditions of a certain mortgage made and executed by the mortgagors therein named to the mortgagee, dated and recorded in the office of the Register of Deeds for the County of Oakland and State of Michigan, in Liber of Mortgages, on page, on which mortgage there is claimed to be due at the date of this notice for principal and interest the sum stated, and an attorney fee as provided for in said mortgage, and no suit or proceedings at law having been instituted to recover the moneys secured by said mortgage, or any part thereof. Now, therefore, by virtue of the power of sale contained in said mortgage and the statute in such case made and provided, notice is hereby given that said mortgage will be foreclosed by a sale of the premises therein described at public auction, to the highest bidder, at the southerly or Saginaw Street entrance to the Court House in the City of Pontiac, Oakland County, Michigan, that being the building in which the Circuit Court for the County of Oakland is held, the premises described in said mortgage, or so much thereof as may be necessary to pay the amount due as aforesaid, and any sum or sums which may be paid by the undersigned at or before said sale for taxes and/or insurance on said premises, and all other sums paid by the undersigned, with interest thereon, pursuant to law and to the terms of said mortgage, and all legal costs, charges and expenses, including an attorney fee, which premises are described as follows:

STATE OF MICHIGAN, County of Oakland, ss. Default having been made in the terms and conditions of a certain mortgage made and executed by the mortgagors therein named to the mortgagee, dated and recorded in the office of the Register of Deeds for the County of Oakland and State of Michigan, in Liber of Mortgages, on page, on which mortgage there is claimed to be due at the date of this notice for principal and interest the sum stated, and an attorney fee as provided for in said mortgage, and no suit or proceedings at law having been instituted to recover the moneys secured by said mortgage, or any part thereof. Now, therefore, by virtue of the power of sale contained in said mortgage and the statute in such case made and provided, notice is hereby given that said mortgage will be foreclosed by a sale of the premises therein described at public auction, to the highest bidder, at the southerly or Saginaw Street entrance to the Court House in the City of Pontiac, Oakland County, Michigan, that being the building in which the Circuit Court for the County of Oakland is held, the premises described in said mortgage, or so much thereof as may be necessary to pay the amount due as aforesaid, and any sum or sums which may be paid by the undersigned at or before said sale for taxes and/or insurance on said premises, and all other sums paid by the undersigned, with interest thereon, pursuant to law and to the terms of said mortgage, and all legal costs, charges and expenses, including an attorney fee, which premises are described as follows:

MILLER, CANFIELD, PADDOCK & STONE,
Attorneys for Mortgagee.
April 25
Miller, Canfield, Paddock & Stone, Attorneys, 2446 Penobscot Bldg., Detroit, Mich.
MORTGAGE SALE

STATE OF MICHIGAN, County of Oakland, ss. Default having been made in the terms and conditions of a certain mortgage made and executed by the mortgagors therein named to the mortgagee, dated and recorded in the office of the Register of Deeds for the County of Oakland and State of Michigan, in Liber of Mortgages, on page, on which mortgage there is claimed to be due at the date of this notice for principal and interest the sum stated, and an attorney fee as provided for in said mortgage, and no suit or proceedings at law having been instituted to recover the moneys secured by said mortgage, or any part thereof. Now, therefore, by virtue of the power of sale contained in said mortgage and the statute in such case made and provided, notice is hereby given that said mortgage will be foreclosed by a sale of the premises therein described at public auction, to the highest bidder, at the southerly or Saginaw Street entrance to the Court House in the City of Pontiac, Oakland County, Michigan, that being the building in which the Circuit Court for the County of Oakland is held, the premises described in said mortgage, or so much thereof as may be necessary to pay the amount due as aforesaid, and any sum or sums which may be paid by the undersigned at or before said sale for taxes and/or insurance on said premises, and all other sums paid by the undersigned, with interest thereon, pursuant to law and to the terms of said mortgage, and all legal costs, charges and expenses, including an attorney fee, which premises are described as follows:

STATE OF MICHIGAN, County of Oakland, ss. Default having been made in the terms and conditions of a certain mortgage made and executed by the mortgagors therein named to the mortgagee, dated and recorded in the office of the Register of Deeds for the County of Oakland and State of Michigan, in Liber of Mortgages, on page, on which mortgage there is claimed to be due at the date of this notice for principal and interest the sum stated, and an attorney fee as provided for in said mortgage, and no suit or proceedings at law having been instituted to recover the moneys secured by said mortgage, or any part thereof. Now, therefore, by virtue of the power of sale contained in said mortgage and the statute in such case made and provided, notice is hereby given that said mortgage will be foreclosed by a sale of the premises therein described at public auction, to the highest bidder, at the southerly or Saginaw Street entrance to the Court House in the City of Pontiac, Oakland County, Michigan, that being the building in which the Circuit Court for the County of Oakland is held, the premises described in said mortgage, or so much thereof as may be necessary to pay the amount due as aforesaid, and any sum or sums which may be paid by the undersigned at or before said sale for taxes and/or insurance on said premises, and all other sums paid by the undersigned, with interest thereon, pursuant to law and to the terms of said mortgage, and all legal costs, charges and expenses, including an attorney fee, which premises are described as follows:

STATE OF MICHIGAN, County of Oakland, ss. Default having been made in the terms and conditions of a certain mortgage made and executed by the mortgagors therein named to the mortgagee, dated and recorded in the office of the Register of Deeds for the County of Oakland and State of Michigan, in Liber of Mortgages, on page, on which mortgage there is claimed to be due at the date of this notice for principal and interest the sum stated, and an attorney fee as provided for in said mortgage, and no suit or proceedings at law having been instituted to recover the moneys secured by said mortgage, or any part thereof. Now, therefore, by virtue of the power of sale contained in said mortgage and the statute in such case made and provided, notice is hereby given that said mortgage will be foreclosed by a sale of the premises therein described at public auction, to the highest bidder, at the southerly or Saginaw Street entrance to the Court House in the City of Pontiac, Oakland County, Michigan, that being the building in which the Circuit Court for the County of Oakland is held, the premises described in said mortgage, or so much thereof as may be necessary to pay the amount due as aforesaid, and any sum or sums which may be paid by the undersigned at or before said sale for taxes and/or insurance on said premises, and all other sums paid by the undersigned, with interest thereon, pursuant to law and to the terms of said mortgage, and all legal costs, charges and expenses, including an attorney fee, which premises are described as follows:

DETROIT AND SECURITY TRUST COMPANY,
Mortgagee.
April 25
Stevenson, Butzel, Eaman & Long, Attorneys, First National Bank Bldg., Detroit, Mich.
MORTGAGE SALE

STATE OF MICHIGAN, County of Oakland, ss. Default having been made in the terms and conditions of a certain mortgage made and executed by the mortgagors therein named to the mortgagee, dated and recorded in the office of the Register of Deeds for the County of Oakland and State of Michigan, in Liber of Mortgages, on page, on which mortgage there is claimed to be due at the date of this notice for principal and interest the sum stated, and an attorney fee as provided for in said mortgage, and no suit or proceedings at law having been instituted to recover the moneys secured by said mortgage, or any part thereof. Now, therefore, by virtue of the power of sale contained in said mortgage and the statute in such case made and provided, notice is hereby given that said mortgage will be foreclosed by a sale of the premises therein described at public auction, to the highest bidder, at the southerly or Saginaw Street entrance to the Court House in the City of Pontiac, Oakland County, Michigan, that being the building in which the Circuit Court for the County of Oakland is held, the premises described in said mortgage, or so much thereof as may be necessary to pay the amount due as aforesaid, and any sum or sums which may be paid by the undersigned at or before said sale for taxes and/or insurance on said premises, and all other sums paid by the undersigned, with interest thereon, pursuant to law and to the terms of said mortgage, and all legal costs, charges and expenses, including an attorney fee, which premises are described as follows:

STATE OF MICHIGAN, County of Oakland, ss. Default having been made in the terms and conditions of a certain mortgage made and executed by the mortgagors therein named to the mortgagee, dated and recorded in the office of the Register of Deeds for the County of Oakland and State of Michigan, in Liber of Mortgages, on page, on which mortgage there is claimed to be due at the date of this notice for principal and interest the sum stated, and an attorney fee as provided for in said mortgage, and no suit or proceedings at law having been instituted to recover the moneys secured by said mortgage, or any part thereof. Now, therefore, by virtue of the power of sale contained in said mortgage and the statute in such case made and provided, notice is hereby given that said mortgage will be foreclosed by a sale of the premises therein described at public auction, to the highest bidder, at the southerly or Saginaw Street entrance to the Court House in the City of Pontiac, Oakland County, Michigan, that being the building in which the Circuit Court for the County of Oakland is held, the premises described in said mortgage, or so much thereof as may be necessary to pay the amount due as aforesaid, and any sum or sums which may be paid by the undersigned at or before said sale for taxes and/or insurance on said premises, and all other sums paid by the undersigned, with interest thereon, pursuant to law and to the terms of said mortgage, and all legal costs, charges and expenses, including an attorney fee, which premises are described as follows:

STATE OF MICHIGAN, County of Oakland, ss. Default having been made in the terms and conditions of a certain mortgage made and executed by the mortgagors therein named to the mortgagee, dated and recorded in the office of the Register of Deeds for the County of Oakland and State of Michigan, in Liber of Mortgages, on page, on which mortgage there is claimed to be due at the date of this notice for principal and interest the sum stated, and an attorney fee as provided for in said mortgage, and no suit or proceedings at law having been instituted to recover the moneys secured by said mortgage, or any part thereof. Now, therefore, by virtue of the power of sale contained in said mortgage and the statute in such case made and provided, notice is hereby given that said mortgage will be foreclosed by a sale of the premises therein described at public auction, to the highest bidder, at the southerly or Saginaw Street entrance to the Court House in the City of Pontiac, Oakland County, Michigan, that being the building in which the Circuit Court for the County of Oakland is held, the premises described in said mortgage, or so much thereof as may be necessary to pay the amount due as aforesaid, and any sum or sums which may be paid by the undersigned at or before said sale for taxes and/or insurance on said premises, and all other sums paid by the undersigned, with interest thereon, pursuant to law and to the terms of said mortgage, and all legal costs, charges and expenses, including an attorney fee, which premises are described as follows:

THE EQUITABLE LIFE ASSURANCE SOCIETY OF THE UNITED STATES,
Assignee of Mortgagee.
April 4
Warren, Hill & Hamblen, Attorneys, Union Trust Bldg., Detroit, Mich.
NOTICE OF MORTGAGE FORECLOSURE SALE

STATE OF MICHIGAN, County of Oakland, ss. Default having been made in the terms and conditions of a certain mortgage made and executed by the mortgagors therein named to the mortgagee, dated and recorded in the office of the Register of Deeds for the County of Oakland and State of Michigan, in Liber of Mortgages, on page, on which mortgage there is claimed to be due at the date of this notice for principal and interest the sum stated, and an attorney fee as provided for in said mortgage, and no suit or proceedings at law having been instituted to recover the moneys secured by said mortgage, or any part thereof. Now, therefore, by virtue of the power of sale contained in said mortgage and the statute in such case made and provided, notice is hereby given that said mortgage will be foreclosed by a sale of the premises therein described at public auction, to the highest bidder, at the southerly or Saginaw Street entrance to the Court House in the City of Pontiac, Oakland County, Michigan, that being the building in which the Circuit Court for the County of Oakland is held, the premises described in said mortgage, or so much thereof as may be necessary to pay the amount due as aforesaid, and any sum or sums which may be paid by the undersigned at or before said sale for taxes and/or insurance on said premises, and all other sums paid by the undersigned, with interest thereon, pursuant to law and to the terms of said mortgage, and all legal costs, charges and expenses, including an attorney fee, which premises are described as follows:

STATE OF MICHIGAN, County of Oakland, ss. Default having been made in the terms and conditions of a certain mortgage made and executed by the mortgagors therein named to the mortgagee, dated and recorded in the office of the Register of Deeds for the County of Oakland and State of Michigan, in Liber of Mortgages, on page, on which mortgage there is claimed to be due at the date of this notice for principal and interest the sum stated, and an attorney fee as provided for in said mortgage, and no suit or proceedings at law having been instituted to recover the moneys secured by said mortgage, or any part thereof. Now, therefore, by virtue of the power of sale contained in said mortgage and the statute in such case made and provided, notice is hereby given that said mortgage will be foreclosed by a sale of the premises therein described at public auction, to the highest bidder, at the southerly or Saginaw Street entrance to the Court House in the City of Pontiac, Oakland County, Michigan, that being the building in which the Circuit Court for the County of Oakland is held, the premises described in said mortgage, or so much thereof as may be necessary to pay the amount due as aforesaid, and any sum or sums which may be paid by the undersigned at or before said sale for taxes and/or insurance on said premises, and all other sums paid by the undersigned, with interest thereon, pursuant to law and to the terms of said mortgage, and all legal costs, charges and expenses, including an attorney fee, which premises are described as follows:

STATE OF MICHIGAN, County of Oakland, ss. Default having been made in the terms and conditions of a certain mortgage made and executed by the mortgagors therein named to the mortgagee, dated and recorded in the office of the Register of Deeds for the County of Oakland and State of Michigan, in Liber of Mortgages, on page, on which mortgage there is claimed to be due at the date of this notice for principal and interest the sum stated, and an attorney fee as provided for in said mortgage, and no suit or proceedings at law having been instituted to recover the moneys secured by said mortgage, or any part thereof. Now, therefore, by virtue of the power of sale contained in said mortgage and the statute in such case made and provided, notice is hereby given that said mortgage will be foreclosed by a sale of the premises therein described at public auction, to the highest bidder, at the southerly or Saginaw Street entrance to the Court House in the City of Pontiac, Oakland County, Michigan, that being the building in which the Circuit Court for the County of Oakland is held, the premises described in said mortgage, or so much thereof as may be necessary to pay the amount due as aforesaid, and any sum or sums which may be paid by the undersigned at or before said sale for taxes and/or insurance on said premises, and all other sums paid by the undersigned, with interest thereon, pursuant to law and to the terms of said mortgage, and all legal costs, charges and expenses, including an attorney fee, which premises are described as follows:

STATE OF MICHIGAN, County of Oakland, ss. Default having been made in the terms and conditions of a certain mortgage made and executed by the mortgagors therein named to the mortgagee, dated and recorded in the office of the Register of Deeds for the County of Oakland and State of Michigan, in Liber of Mortgages, on page, on which mortgage there is claimed to be due at the date of this notice for principal and interest the sum stated, and an attorney fee as provided for in said mortgage, and no suit or proceedings at law having been instituted to recover the moneys secured by said mortgage, or any part thereof. Now, therefore, by virtue of the power of sale contained in said mortgage and the statute in such case made and provided, notice is hereby given that said mortgage will be foreclosed by a sale of the premises therein described at public auction, to the highest bidder, at the southerly or Saginaw Street entrance to the Court House in the City of Pontiac, Oakland County, Michigan, that being the building in which the Circuit Court for the County of Oakland is held, the premises described in said mortgage, or so much thereof as may be necessary to pay the amount due as aforesaid, and any sum or sums which may be paid by the undersigned at or before said sale for taxes and/or insurance on said premises, and all other sums paid by the undersigned, with interest thereon, pursuant to law and to the terms of said mortgage, and all legal costs, charges and expenses, including an attorney fee, which premises are described as follows:

STATE OF MICHIGAN, County of Oakland, ss. Default having been made in the terms and conditions of a certain mortgage made and executed by the mortgagors therein named to the mortgagee, dated and recorded in the office of the Register of Deeds for the County of Oakland and State of Michigan, in Liber of Mortgages, on page, on which mortgage there is claimed to be due at the date of this notice for principal and interest the sum stated, and an attorney fee as provided for in said mortgage, and no suit or proceedings at law having been instituted to recover the moneys secured by said mortgage, or any part thereof. Now, therefore, by virtue of the power of sale contained in said mortgage and the statute in such case made and provided, notice is hereby given that said mortgage will be foreclosed by a sale of the premises therein described at public auction, to the highest bidder, at the southerly or Saginaw Street entrance to the Court House in the City of Pontiac, Oakland County, Michigan, that being the building in which the Circuit Court for the County of Oakland is held, the premises described in said mortgage, or so much thereof as may be necessary to pay the amount due as aforesaid, and any sum or sums which may be paid by the undersigned at or before said sale for taxes and/or insurance on said premises, and all other sums paid by the undersigned, with interest thereon, pursuant to law and to the terms of said mortgage, and all legal costs, charges and expenses, including an attorney fee, which premises are described as follows:

MARY M. PEIRCE,
Executrix of the Estate of Sarah A. Mabry, deceased, Mortgagee.
April 4
WARREN, HILL & HAMBLEN, Attorneys for Mortgagee.
Lloyd J. Asher and Arthur Asford, Attorneys, 506 Union Trust Bldg.
NOTICE OF FORECLOSURE SALE

STATE OF MICHIGAN, County of Oakland, ss. Default having been made in the terms and conditions of a certain mortgage made and executed by the mortgagors therein named to the mortgagee, dated and recorded in the office of the Register of Deeds for the County of Oakland and State of Michigan, in Liber of Mortgages, on page, on which mortgage there is claimed to be due at the date of this notice for principal and interest the sum stated, and an attorney fee as provided for in said mortgage, and no suit or proceedings at law having been instituted to recover the moneys secured by said mortgage, or any part thereof. Now, therefore, by virtue of the power of sale contained in said mortgage and the statute in such case made and provided, notice is hereby given that said mortgage will be foreclosed by a sale of the premises therein described at public auction, to the highest bidder, at the southerly or Saginaw Street entrance to the Court House in the City of Pontiac, Oakland County, Michigan, that being the building in which the Circuit Court for the County of Oakland is held, the premises described in said mortgage, or so much thereof as may be necessary to pay the amount due as aforesaid, and any sum or sums which may be paid by the undersigned at or before said sale for taxes and/or insurance on said premises, and all other sums paid by the undersigned, with interest thereon, pursuant to law and to the terms of said mortgage, and all legal costs, charges and expenses, including an attorney fee, which premises are described as follows:

STATE OF MICHIGAN, County of Oakland, ss. Default having been made in the terms and conditions of a certain mortgage made and executed by the mortgagors therein named to the mortgagee, dated and recorded in the office of the Register of Deeds for the County of Oakland and State of Michigan, in Liber of Mortgages, on page, on which mortgage there is claimed to be due at the date of this notice for principal and interest the sum stated, and an attorney fee as provided for in said mortgage, and no suit or proceedings at law having been instituted to recover the moneys secured by said mortgage, or any part thereof. Now, therefore, by virtue of the power of sale contained in said mortgage and the statute in such case made and provided, notice is hereby given that said mortgage will be foreclosed by a sale of the premises therein described at public auction, to the highest bidder, at the southerly or Saginaw Street entrance to the Court House in the City of Pontiac, Oakland County, Michigan, that being the building in which the Circuit Court for the County of Oakland is held, the premises described in said mortgage, or so much thereof as may be necessary to pay the amount due as aforesaid, and any sum or sums which may be paid by the undersigned at or before said sale for taxes and/or insurance on said premises, and all other sums paid by the undersigned, with interest thereon, pursuant to law and to the terms of said mortgage, and all legal costs, charges and expenses, including an attorney fee, which premises are described as follows:

STATE OF MICHIGAN, County of Oakland, ss. Default having been made in the terms and conditions of a certain mortgage made and executed by the mortgagors therein named to the mortgagee, dated and recorded in the office of the Register of Deeds for the County of Oakland and State of Michigan, in Liber of Mortgages, on page, on which mortgage there is claimed to be due at the date of this notice for principal and interest the sum stated, and an attorney fee as provided for in said mortgage, and no suit or proceedings at law having been instituted to recover the moneys secured by said mortgage, or any part thereof. Now, therefore, by virtue of the power of sale contained in said mortgage and the statute in such case made and provided, notice is hereby given that said mortgage will be foreclosed by a sale of the premises therein described at public auction, to the highest bidder, at the southerly or Saginaw Street entrance to the Court House in the City of Pontiac, Oakland County, Michigan, that being the building in which the Circuit Court for the County of Oakland is held, the premises described in said mortgage, or so much thereof as may be necessary to pay the amount due as aforesaid, and any sum or sums which may be paid by the undersigned at or before said sale for taxes and/or insurance on said premises, and all other sums paid by the undersigned, with interest thereon, pursuant to law and to the terms of said mortgage, and all legal costs, charges and expenses, including an attorney fee, which premises are described as follows:

LLOYD J. ASHER & ARTHUR ASFORD,
Attorneys for Mortgagee.
March 25
Yerkes, Simons & Goddard, Attorneys, Ford Bldg., Detroit, Mich.
MORTGAGE SALE

STATE OF MICHIGAN, County of Oakland, ss. Default having been made in the terms and conditions of a certain mortgage made and executed by the mortgagors therein named to the mortgagee, dated and recorded in the office of the Register of Deeds for the County of Oakland and State of Michigan, in Liber of Mortgages, on page, on which mortgage there is claimed to be due at the date of this notice for principal and interest the sum stated, and an attorney fee as provided for in said mortgage, and no suit or proceedings at law having been instituted to recover the moneys secured by said mortgage, or any part thereof. Now, therefore, by virtue of the power of sale contained in said mortgage and the statute in such case made and provided, notice is hereby given that said mortgage will be foreclosed by a sale of the premises therein described at public auction, to the highest bidder, at the southerly or Saginaw Street entrance to the Court House in the City of Pontiac, Oakland County, Michigan, that being the building in which the Circuit Court for the County of Oakland is held, the premises described in said mortgage, or so much thereof as may be necessary to pay the amount due as aforesaid, and any sum or sums which may be paid by the undersigned at or before said sale for taxes and/or insurance on said premises, and all other sums paid by the undersigned, with interest thereon, pursuant to law and to the terms of said mortgage, and all legal costs, charges and expenses, including an attorney fee, which premises are described as follows:

STATE OF MICHIGAN, County of Oakland, ss. Default having been made in the terms and conditions of a certain mortgage made and executed by the mortgagors therein named to the mortgagee, dated and recorded in the office of the Register of Deeds for the County of Oakland and State of Michigan, in Liber of Mortgages, on page, on which mortgage there is claimed to be due at the date of this notice for principal and interest the sum stated, and an attorney fee as provided for in said mortgage, and no suit or proceedings at law having been instituted to recover the moneys secured by said mortgage, or any part thereof. Now, therefore, by virtue of the power of sale contained in said mortgage and the statute in such case made and provided, notice is hereby given that said mortgage will be foreclosed by a sale of the premises therein described at public auction, to the highest bidder, at the southerly or Saginaw Street entrance to the Court House in the City of Pontiac, Oakland County, Michigan, that being the building in which the Circuit Court for the County of Oakland is held, the premises described in said mortgage, or so much thereof as may be necessary to pay the amount due as aforesaid, and any sum or sums which may be paid by the undersigned at or before said sale for taxes and/or insurance on said premises, and all other sums paid by the undersigned, with interest thereon, pursuant to law and to the terms of said mortgage, and all legal costs, charges and expenses, including an attorney fee, which premises are described as follows:

STATE OF MICHIGAN, County of Oakland, ss. Default having been made in the terms and conditions of a certain mortgage made and executed by the mortgagors therein named to the mortgagee, dated and recorded in the office of the Register of Deeds for the County of Oakland and State of Michigan, in Liber of Mortgages, on page, on which mortgage there is claimed to be due at the date of this notice for principal and interest the sum stated, and an attorney fee as provided for in said mortgage, and no suit or proceedings at law having been instituted to recover the moneys secured by said mortgage, or any part thereof. Now, therefore, by virtue of the power of sale contained in said mortgage and the statute in such case made and provided, notice is hereby given that said mortgage will be foreclosed by a sale of the premises therein described at public auction, to the highest bidder, at the southerly or Saginaw Street entrance to the Court House in the City of Pontiac, Oakland County, Michigan, that being the building in which the Circuit Court for the County of Oakland is held, the premises described in said mortgage, or so much thereof as may be necessary to pay the amount due as aforesaid, and any sum or sums which may be paid by the undersigned at or before said sale for taxes and/or insurance on said premises, and all other sums paid by the undersigned, with interest thereon, pursuant to law and to the terms of said mortgage, and all legal costs, charges and expenses, including an attorney fee, which premises are described as follows:

FRANK BOLGAR, VERONA BOLGAR,
Mortgagees.
March 25
Stevenson, Butzel, Eaman & Long, Attorneys, First National Bank Bldg., Detroit, Mich.
MORTGAGE SALE

STATE OF MICHIGAN, County of Oakland, ss. Default having been made in the terms and conditions of a certain mortgage made and executed by the mortgagors therein named to the mortgagee, dated and recorded in the office of the Register of Deeds for the County of Oakland and State of Michigan, in Liber of Mortgages, on page, on which mortgage there is claimed to be due at the date of this notice for principal and interest the sum stated, and an attorney fee as provided for in said mortgage, and no suit or proceedings at law having been instituted to recover the moneys secured by said mortgage, or any part thereof. Now, therefore, by virtue of the power of sale contained in said mortgage and the statute in such case made and provided, notice is hereby given that said mortgage will be foreclosed by a sale of the premises therein described at public auction, to the highest bidder, at the southerly or Saginaw Street entrance to the Court House in the City of Pontiac, Oakland County, Michigan, that being the building in which the Circuit Court for the County of Oakland is held, the premises described in said mortgage, or so much thereof as may be necessary to pay the amount due as aforesaid, and any sum or sums which may be paid by the undersigned at or before said sale for taxes and/or insurance on said premises, and all other sums paid by the undersigned, with interest thereon, pursuant to law and to the terms of said mortgage, and all legal costs, charges and expenses, including an attorney fee, which premises are described as follows:

STATE OF MICHIGAN, County of Oakland, ss. Default having been made in the terms and conditions of a certain mortgage made and executed by the mortgagors therein named to the mortgagee, dated and recorded in the office of the Register of Deeds for the County of Oakland and State of Michigan, in Liber of Mortgages, on page, on which mortgage there is claimed to be due at the date of this notice for principal and interest the sum stated, and an attorney fee as provided for in said mortgage, and no suit or proceedings at law having been instituted to recover the moneys secured by said mortgage, or any part thereof. Now, therefore, by virtue of the power of sale contained in said mortgage and the statute in such case made and provided, notice is hereby given that said mortgage will be foreclosed by a sale of the premises therein described at public auction, to the highest bidder, at the southerly or Saginaw Street entrance to the Court House in the City of Pontiac, Oakland County, Michigan, that being the building in which the Circuit Court for the County of Oakland is held, the premises described in said mortgage, or so much thereof as may be necessary to pay the amount due as aforesaid, and any sum or sums which may be paid by the undersigned at or before said sale for taxes and/or insurance on said premises, and all other sums paid by the undersigned, with interest thereon, pursuant to law and to the terms of said mortgage, and all legal costs, charges and expenses, including an attorney fee, which premises are described as follows:

STATE OF MICHIGAN, County of Oakland, ss. Default having been made in the terms and conditions of a certain mortgage made and executed by the mortgagors therein named to the mortgagee, dated and recorded in the office of the Register of Deeds for the County of Oakland and State of Michigan, in Liber of Mortgages, on page, on which mortgage there is claimed to be due at the date of this notice for principal and interest the sum stated, and an attorney fee as provided for in said mortgage, and no suit or proceedings at law having been instituted to recover the moneys secured by said mortgage, or any part thereof. Now, therefore, by virtue of the power of sale contained in said mortgage and the statute in such case made and provided, notice is hereby given that said mortgage will be foreclosed by a sale of the premises therein described at public auction, to the highest bidder, at the southerly or Saginaw Street entrance to the Court House in the City of Pontiac, Oakland County, Michigan, that being the building in which the Circuit Court for the County of Oakland is held, the premises described in said mortgage, or so much thereof as may be necessary to pay the amount due as aforesaid, and any sum or sums which may be paid by the undersigned at or before said sale for taxes and/or insurance on said premises, and all other sums paid by the undersigned, with interest thereon, pursuant to law and to the terms of said mortgage, and all legal costs, charges and expenses, including an attorney fee, which premises are described as follows:

THE EQUITABLE LIFE ASSURANCE SOCIETY OF THE UNITED STATES,
Assignee of Mortgagee.
Feb. 21
Stevenson, Butzel, Eaman & Long, Attorneys, First National Bank Bldg., Detroit, Mich.
MORTGAGE SALE

STATE OF MICHIGAN, County of Oakland, ss. Default having been made in the terms and conditions of a certain mortgage made and executed by the mortgagors therein named to the mortgagee, dated and recorded in the office of the Register of Deeds for the County of Oakland and State of Michigan, in Liber of Mortgages, on page, on which mortgage there is claimed to be due at the date of this notice for principal and interest the sum stated, and an attorney fee as provided for in said mortgage, and no suit or proceedings at law having been instituted to recover the moneys secured by said mortgage, or any part thereof. Now, therefore, by virtue of the power of sale contained in said mortgage and the statute in such case made and provided, notice is hereby given that said mortgage will be foreclosed by a sale of the premises therein described at public auction, to the highest bidder, at the southerly or Saginaw Street entrance to the Court House in the City of Pontiac, Oakland County, Michigan, that being the building in which the Circuit Court for the County of Oakland is held, the premises described in said mortgage, or so much thereof as may be necessary to pay the amount due as aforesaid, and any sum or sums which may be paid by the undersigned at or before said sale for taxes and/or insurance on said premises, and all other sums paid by the undersigned, with interest thereon, pursuant to law and to the terms of said mortgage, and all legal costs, charges and expenses, including an attorney fee, which premises are described as follows:

STATE OF MICHIGAN, County of Oakland, ss. Default having been made in the terms and conditions of a certain mortgage made and executed by the mortgagors therein named to the mortgagee, dated and recorded in the office of the Register of Deeds for the County of Oakland and State of Michigan, in Liber of Mortgages, on page, on which mortgage there is claimed to be due at the date of this notice for principal and interest the sum stated, and an attorney fee as provided for in said mortgage, and no suit or proceedings at law having been instituted to recover the moneys secured by said mortgage, or any part thereof. Now, therefore, by virtue of the power of sale contained in said mortgage and the statute in such case made and provided, notice is hereby given that said mortgage will be foreclosed by a sale of the premises therein described at public auction, to the highest bidder, at the southerly or Saginaw Street entrance to the Court House in the City of Pontiac, Oakland County, Michigan, that being the building in which the Circuit Court for the County of Oakland is held, the premises described in said mortgage, or so much thereof as may be necessary to pay the amount due as aforesaid, and any sum or sums which may be paid by the undersigned at or before said sale for taxes and/or insurance on said premises, and all other sums paid by the undersigned, with interest thereon, pursuant to law and to the terms of said mortgage, and all legal costs, charges and expenses, including an attorney fee, which premises are described as follows:

STATE OF MICHIGAN, County of Oakland, ss. Default having been made in the terms and conditions of a certain mortgage made and executed by the mortgagors therein named to the mortgagee, dated and recorded in the office of the Register of Deeds for the County of Oakland and State of Michigan, in Liber of Mortgages, on page, on which mortgage there is claimed to be due at the date of this notice for principal and interest the sum stated, and an attorney fee as provided for in said mortgage, and no suit or proceedings at law having been instituted to recover the moneys secured by said mortgage, or any part thereof. Now, therefore, by virtue of the power of sale contained in said mortgage and the statute in such case made and provided, notice is hereby given that said mortgage will be foreclosed by a sale of the premises therein described at public auction, to the highest bidder, at the southerly or Saginaw Street entrance to the Court House in the City of Pontiac, Oakland County, Michigan, that being the building in which the Circuit Court for the County of Oakland is held, the premises described in said mortgage, or so much thereof as may be necessary to pay the amount due as aforesaid, and any sum or sums which may be paid by the undersigned at or before said sale for taxes and/or insurance on said premises, and all other sums paid by the undersigned, with interest thereon, pursuant to law and to the terms of said mortgage, and all legal costs, charges and expenses, including an attorney fee, which premises are described as follows:

STATE OF MICHIGAN, County of Oakland, ss. Default having been made in the terms and conditions of a certain mortgage made and executed by the mortgagors therein named to the mortgagee, dated and recorded in the office of the Register of Deeds for the County of Oakland and State of Michigan, in Liber of Mortgages, on page, on which mortgage there is claimed to be due at the date of this notice for principal and interest the sum stated, and an attorney fee as provided for in said mortgage, and no suit or proceedings at law having been instituted to recover the moneys secured by said mortgage, or any part thereof. Now, therefore, by virtue of the power of sale contained in said mortgage and the statute in such case made and provided, notice is hereby given that said mortgage will be foreclosed by a sale of the premises therein described at public auction, to the highest bidder, at the southerly or Saginaw Street entrance to the Court House in the City of Pontiac, Oakland County, Michigan, that being the building in which the Circuit Court for the County of Oakland is held, the premises described in said mortgage, or so much thereof as may be necessary to pay the amount due as aforesaid, and any sum or sums which may be paid by the undersigned at or before said sale for taxes and/or insurance on said premises, and all other sums paid by the undersigned, with interest thereon, pursuant to law and to the terms of said mortgage, and all legal costs, charges and expenses, including an attorney fee, which premises are described as follows:

STATE OF MICHIGAN, County of Oakland, ss. Default having been made in the terms and conditions of a certain mortgage made and executed by the mortgagors therein named to the mortgagee, dated and recorded in the office of the Register of Deeds for the County of Oakland and State of Michigan, in Liber of Mortgages, on page, on which mortgage there is claimed to be due at the date of this notice for principal and interest the sum stated, and an attorney fee as provided for in said mortgage, and no suit or proceedings at law having been instituted to recover the moneys secured by said mortgage, or any part thereof. Now, therefore, by virtue of the power of sale contained in said mortgage and the statute in such case made and provided, notice is hereby given that said mortgage will be foreclosed by a sale of the premises therein described at public auction, to the highest bidder, at the southerly or Saginaw Street entrance to the Court House in the City of Pontiac, Oakland County, Michigan, that being the building in which the Circuit Court for the County of Oakland is held, the premises described in said mortgage, or so much thereof as may be necessary to pay the amount due as aforesaid, and any sum or sums which may be paid by the undersigned at or before said sale for taxes and/or insurance on said premises, and all other sums paid by the undersigned, with interest thereon, pursuant to law and to the terms of said mortgage, and all legal costs, charges and expenses, including an attorney fee, which premises are described as follows:

THE EQUITABLE LIFE ASSURANCE SOCIETY OF THE UNITED STATES,
Assignee of Mortgagee.
Mar. 7
Trowbridge, Lewis & Watkins, Attorneys, Ford Building.
MORTGAGE SALE

STATE OF MICHIGAN, County of Oakland, ss. Default having been made in the terms and conditions of a certain mortgage made and executed by the mortgagors therein named to the mortgagee, dated and recorded in the office of the Register of Deeds for the County of Oakland and State of Michigan, in Liber of Mortgages, on page, on which mortgage there is claimed to be due at the date of this notice for principal and interest the sum stated, and an attorney fee as provided for in said mortgage, and no suit or proceedings at law having been instituted to recover the moneys secured by said mortgage, or any part thereof. Now, therefore, by virtue of the power of sale contained in said mortgage and the statute in such case made and provided, notice is hereby given that said mortgage will be foreclosed by a sale of the premises therein described at public auction, to the highest bidder, at the southerly or Saginaw Street entrance to the Court House in the City of Pontiac, Oakland County, Michigan, that being the building in which the Circuit Court for the County of Oakland is held, the premises described in said mortgage, or so much thereof as may be necessary to pay the amount due as aforesaid, and any sum or sums which may be paid by the undersigned at or before said sale for taxes and/or insurance on said premises, and all other sums paid by the undersigned, with interest thereon, pursuant to law and to the terms of said mortgage, and all legal costs, charges and expenses, including an attorney fee, which premises are described as follows:

STATE OF MICHIGAN, County of Oakland, ss. Default having been made in the terms and conditions of a certain mortgage made and executed by the mortgagors therein named to the mortgagee, dated and recorded in the office of the Register of Deeds for the County of Oakland and State of Michigan, in Liber of Mortgages, on page, on which mortgage there is claimed to be due at the date of this notice for principal and interest the sum stated, and an attorney fee as provided for in said mortgage, and no suit or proceedings at law having been instituted to recover the moneys secured by said mortgage, or any part thereof. Now, therefore, by virtue of the power of sale contained in said mortgage and the statute in such case made and provided, notice is hereby given that said mortgage will be foreclosed by a sale of the premises therein described at public auction, to the highest bidder, at the southerly or Saginaw Street entrance to the Court House in the City of Pontiac, Oakland County, Michigan, that being the building in which the Circuit Court for the County of Oakland is held, the premises described in said mortgage, or so much thereof as may be necessary to pay the amount due as aforesaid, and any sum or sums which may be paid by the undersigned at or before said sale for taxes and/or insurance on said premises, and all other sums paid by the undersigned, with interest thereon, pursuant to law and to the terms of said mortgage, and all legal costs, charges and expenses, including an attorney fee, which premises are described as follows:

STATE OF MICHIGAN, County of Oakland, ss. Default having been made in the terms and conditions of a certain mortgage made and executed by the mortgagors therein named to the mortgagee, dated and recorded in the office of the Register of Deeds for the County of Oakland and State of Michigan, in Liber of Mortgages, on page, on which mortgage there is claimed to be due at the date of this notice for principal and interest the sum stated, and an attorney fee as provided for in said mortgage, and no suit or proceedings at law having been instituted to recover the moneys secured by said mortgage, or any part thereof. Now, therefore, by virtue of the power of sale contained in said mortgage and the statute in such case made and provided, notice is hereby given that said mortgage will be foreclosed by a sale of the premises therein described at public auction, to the highest bidder, at the southerly or Saginaw Street entrance to the Court House in the City of Pontiac, Oakland County, Michigan, that being the building in which the Circuit Court for the County of Oakland is held, the premises described in said mortgage, or so much thereof as may be necessary to pay the amount due as aforesaid, and any sum or sums which may be paid by the undersigned at or before said sale for taxes and/or insurance on said premises, and all other sums paid by the undersigned, with interest thereon, pursuant to law and to the terms of said mortgage, and all legal costs, charges and expenses, including an attorney fee, which premises are described as follows:

THOMAS B. SHARP & Co.,
Mortgagee.
Feb. 7
Goodenough, Voorhies, Long & Ryan, Attorneys, 915 Hammond Bldg.
MORTGAGE SALE

STATE OF MICHIGAN, County of Oakland, ss. Default having been made in the terms and conditions of a certain mortgage made and executed by the mortgagors therein named to the mortgagee, dated and recorded in the office of the Register of Deeds for the County of Oakland and State of Michigan, in Liber of Mortgages, on page, on which mortgage there is claimed to be due at the date of this notice for principal and interest the sum stated, and an attorney fee as provided for in said mortgage, and no suit or proceedings at law having been instituted to recover the moneys secured by said mortgage, or any part thereof. Now, therefore, by virtue of the power of sale contained in said mortgage and the statute in such case made and provided, notice is hereby given that said mortgage will be foreclosed by a sale of the premises therein described at public auction, to the highest bidder, at the southerly or Saginaw Street entrance to the Court House in the City of Pontiac, Oakland County, Michigan, that being the building in which the Circuit Court for the County of Oakland is held, the premises described in said mortgage, or so much thereof as may be necessary to pay the amount due as aforesaid, and any sum or sums which may be paid by the undersigned at or before said sale for taxes and/or insurance on said premises, and all other sums paid by the undersigned, with interest thereon, pursuant to law and to the terms of said mortgage, and all legal costs, charges and expenses, including an attorney fee, which premises are described as follows:

STATE OF MICHIGAN, County of Oakland, ss. Default having been made in the terms and conditions of a certain mortgage made and executed by the mortgagors therein named to the mortgagee, dated and recorded in the office of the Register of Deeds for the County of Oakland and State of Michigan, in Liber of Mortgages, on page, on which mortgage there is claimed to be due at the date of this notice for principal and interest the sum stated, and an attorney fee as provided for in said mortgage, and no suit or proceedings at law having been instituted to recover the moneys secured by said mortgage, or any part thereof. Now, therefore, by virtue of the power of sale contained in said mortgage and the statute in such case made and provided, notice is hereby given that said mortgage will be foreclosed by a sale of the premises therein described at public auction, to the highest bidder, at the southerly or Saginaw Street entrance to the Court House in the City of Pontiac, Oakland County, Michigan, that being the building in which the Circuit Court for the County of Oakland is held, the premises described in said mortgage, or so much thereof as may be necessary to pay the amount due as aforesaid, and any sum or sums which may be paid by the undersigned at or before said sale for taxes and/or insurance on said premises, and all other sums paid by the undersigned, with interest thereon, pursuant to law and to the terms of said mortgage, and all legal costs, charges and expenses, including an attorney fee, which premises are described as follows:

STATE OF MICHIGAN, County of Oakland, ss. Default having been made in the terms and conditions of a certain mortgage made and executed by the mortgagors therein named to the mortgagee, dated and recorded in the office of the Register of Deeds for the County of Oakland and State of Michigan, in Liber of Mortgages, on page, on which mortgage there is claimed to be due at the date of this notice for principal and interest the sum stated, and an attorney fee as provided for in said mortgage, and no suit or proceedings at law having been instituted to recover the moneys secured by said mortgage, or any part thereof. Now, therefore, by virtue of the power of sale contained in said mortgage and the statute in such case made and provided, notice is hereby given that said mortgage will be foreclosed by a sale of the premises therein described at public auction, to the highest bidder, at the southerly or Saginaw Street entrance to the Court House in the City of Pontiac, Oakland County, Michigan, that being the building in which the Circuit Court for the County of Oakland is held, the premises described in said mortgage, or so much thereof as may be necessary to pay the amount due as aforesaid, and any sum or sums which may be paid by the undersigned at or before said sale for taxes and/or insurance on said premises, and all other sums paid by the undersigned, with interest thereon, pursuant to law and to the terms of said mortgage, and all legal costs, charges and expenses, including an attorney fee, which premises are described as follows:

PAUL R. GRAY,
Mortgagee.
Feb. 28
Thomas F. Doyle, Attorney, 820-21 Dime Bank Bldg., Detroit, Michigan.
MORTGAGE FORECLOSURE SALE

STATE OF MICHIGAN, County of Oakland, ss. Default having been made in the terms and conditions of a certain mortgage made and executed by the mortgagors therein named to the mortgagee, dated and recorded in the office of the Register of Deeds for the County of Oakland and State of Michigan, in Liber of Mortgages, on page, on which mortgage there is claimed to be due at the date of this notice for principal and interest the sum stated, and an attorney fee as provided for in said mortgage, and no suit or proceedings at law having been instituted to recover the moneys secured by said mortgage, or any part thereof. Now, therefore, by virtue of the power of sale contained in said mortgage and the statute in such case made and provided, notice is hereby given that said mortgage will be foreclosed by a sale of the premises therein described at public auction, to the highest bidder, at the southerly or Saginaw Street entrance to the Court House in the City of Pontiac, Oakland County, Michigan, that being the building in which the Circuit Court for the County of Oakland is held, the premises described in said mortgage, or so much thereof as may be necessary to pay the amount due as aforesaid, and any sum or sums which may be paid by the undersigned at or before said sale for taxes and/or insurance on said premises, and all other sums paid by the undersigned, with interest thereon, pursuant to law and to the terms of said mortgage, and all legal costs, charges and expenses, including an attorney fee, which premises are described as follows:

STATE OF MICHIGAN, County of Oakland, ss. Default having been made in the terms and conditions of a certain mortgage made and executed by the mortgagors therein named to the mortgagee, dated and recorded in the office of the Register of Deeds for the County of Oakland and State of Michigan, in Liber of Mortgages, on page, on which mortgage there is claimed to be due at the date of this notice for principal and interest the sum stated, and an attorney fee as provided for in said mortgage, and no suit or proceedings at law having been instituted to recover the moneys secured by said mortgage, or any part thereof. Now, therefore, by virtue of the power of sale contained in said mortgage and the statute in such case made and provided, notice is hereby given that said mortgage will be foreclosed by a sale of the premises therein described at public auction, to the highest bidder, at the southerly or Saginaw Street entrance to the Court House in the City of Pontiac, Oakland County, Michigan, that being the building in which the Circuit Court for the County of Oakland is held, the premises described in said mortgage, or so much thereof as may be necessary to pay the amount due as aforesaid, and any sum or sums which may be paid by the undersigned at or before said sale for taxes and/or insurance on said premises, and all other sums paid by the undersigned, with interest thereon, pursuant to law and to the terms of said mortgage, and all legal costs, charges and expenses, including an attorney fee, which premises are described as follows:

STATE OF MICHIGAN, County of Oakland, ss. Default having been made in the terms and conditions of a certain mortgage made and executed by the mortgagors therein named to the mortgagee, dated and recorded in the office of the Register of Deeds for the County of Oakland and State of Michigan, in Liber of Mortgages, on page, on which mortgage there is claimed to be due at the date of this notice for principal and interest the sum stated, and an attorney fee as provided for in said mortgage, and no suit or proceedings at law having been instituted to recover the moneys secured by said mortgage, or any part thereof. Now, therefore, by virtue of the power of sale contained in said mortgage and the statute in such case made and provided, notice is hereby given that said mortgage will be foreclosed by a sale of the premises therein described at public auction, to the highest bidder, at the southerly or Saginaw Street entrance to the Court House in the City of Pontiac, Oakland County, Michigan, that being the building in which the Circuit Court for the County of Oakland is held, the premises described in said mortgage, or so much thereof as may be necessary to pay the amount due as aforesaid, and any sum or sums which may be paid by the undersigned at or before said sale for taxes and/or insurance on said premises, and all other sums paid by the undersigned, with interest thereon, pursuant to law and to the terms of said mortgage, and all legal costs, charges and expenses, including an attorney fee, which premises are described as follows:

JULIA A. MOORE,
Mortgagee.
Feb. 14
Bernard A. Clark, Attorney, 1014-15 Ford Bldg., Detroit, Mich.

STATE OF MICHIGAN, County of Oakland, ss. Default having been made in the terms and conditions of a certain mortgage made and executed by the mortgagors therein named to the mortgagee, dated and recorded in the office of the Register of Deeds for the County of Oakland and State of Michigan, in Liber of Mortgages, on page, on which mortgage there is claimed to be due at the date of this notice for principal and interest the sum stated, and an attorney fee as provided for in said mortgage, and no suit or proceedings at law having been instituted to recover the moneys secured by said mortgage, or any part thereof. Now, therefore, by virtue of the power of sale contained in said mortgage and the statute in such case made and provided, notice is hereby given that said mortgage will be foreclosed by a sale of the premises therein described at public auction, to the highest bidder, at the southerly or Saginaw Street entrance to the Court House in the City of Pontiac, Oakland County, Michigan, that being the building in which the Circuit Court for the County of Oakland is held, the premises described in said mortgage, or so much thereof as may be necessary to pay the amount due as aforesaid, and any sum or sums which may be paid by the undersigned at or before said sale for taxes and/or insurance on said premises, and all other sums paid by the undersigned, with interest thereon, pursuant to law and to the terms of said mortgage, and all legal costs, charges and expenses, including an attorney fee, which premises are described as follows:

STATE OF MICHIGAN, County of Oakland, ss. Default having been made in the terms and conditions of a certain mortgage made and executed by the mortgagors therein named to the mortgagee, dated and recorded in the office of the Register of Deeds for the County of Oakland and State of Michigan, in Liber of Mortgages, on page, on which mortgage there is claimed to be due at the date of this notice for principal and interest the sum stated, and an attorney fee as provided for in said mortgage, and no suit or proceedings at law having been instituted to recover the moneys secured by said mortgage, or any part thereof. Now, therefore, by virtue of the power of sale contained in said mortgage and the statute in such case made and provided, notice is hereby given that said mortgage will be foreclosed by a sale of the premises therein described at public auction, to the highest bidder, at the southerly or Saginaw Street entrance to the Court House in the City of Pontiac, Oakland County, Michigan, that being the building in which the Circuit Court for the County of Oakland is held, the premises described in said mortgage, or so much thereof as may be necessary to pay the amount due as aforesaid, and any sum or sums which may be paid by the undersigned at or before said sale for taxes and/or insurance on said premises, and all other sums paid by the undersigned, with interest thereon, pursuant to law and to the terms of said mortgage, and all legal costs, charges and expenses, including an attorney fee, which premises are described as follows:

STATE OF MICHIGAN, County of Oakland, ss. Default having been made in the terms and conditions of a certain mortgage made and executed by the mortgagors therein named to the mortgagee, dated and recorded in the office of the Register of Deeds for the County of Oakland and State of Michigan, in Liber of Mortgages, on page, on which mortgage there is claimed to be due at the date of this notice for principal and interest the sum stated, and an attorney fee as provided for in said mortgage, and no suit or proceedings at law having been instituted to recover the moneys secured by said mortgage, or any part thereof. Now, therefore, by virtue of the power of sale contained in said mortgage and the statute in such case made and provided, notice is hereby given that said mortgage will be foreclosed by a sale of the premises therein described at public auction, to the highest bidder, at the southerly or Saginaw Street entrance to the Court House in the City of Pontiac, Oakland County, Michigan, that being the building in which the Circuit Court for the County of Oakland is held, the premises described in said mortgage, or so much thereof as may be necessary to pay the amount due as aforesaid, and any sum or sums which may be paid by the undersigned at or before said sale for taxes and/or insurance on said premises, and all other sums paid by the undersigned, with interest thereon, pursuant to law and to the terms of said mortgage, and all legal costs, charges and expenses, including an attorney fee, which premises are described as follows:

BERNARD A. CLARK,
Attorney for Mortgagee.
March 14
